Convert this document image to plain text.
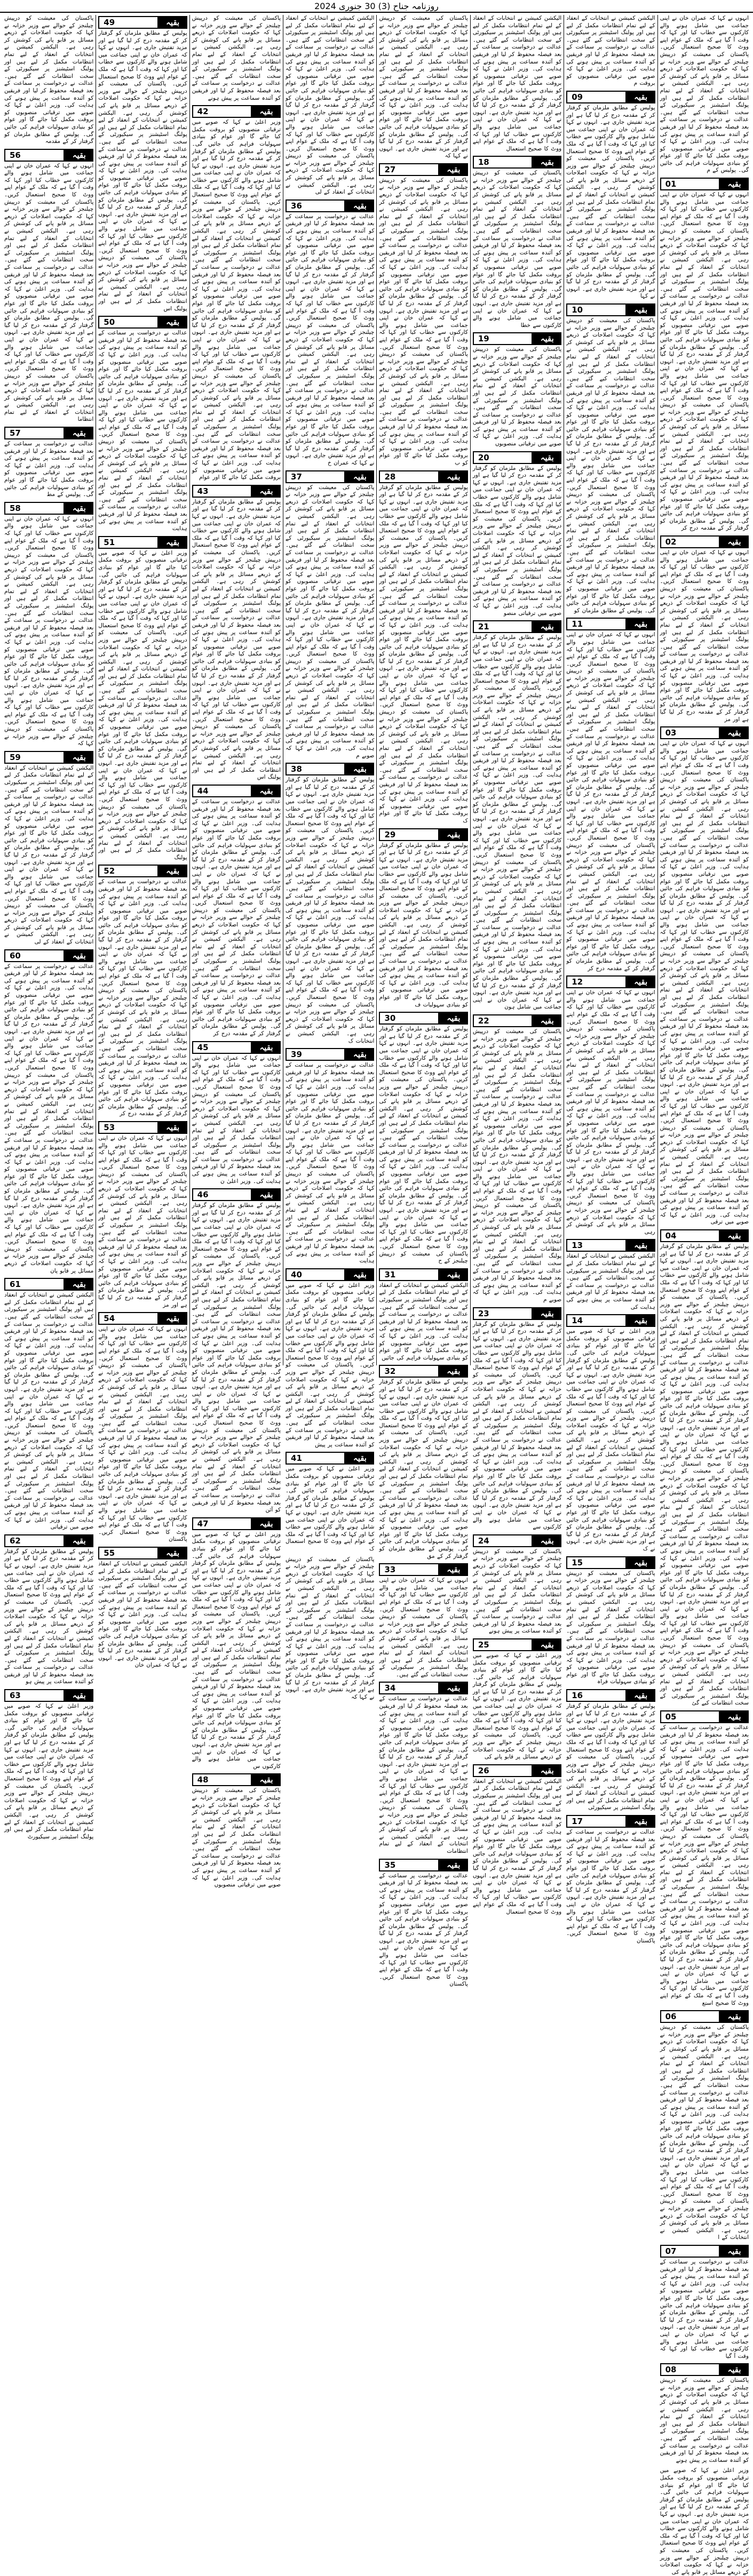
روزنامہ جناح (3) 30 جنوری 2024
انہوں نے کہا کہ عمران خان نے اپنی جماعت میں شامل ہونے والے کارکنوں سے خطاب کیا اور کہا کہ وقت آ گیا ہے کہ ملک کے عوام اپنے ووٹ کا صحیح استعمال کریں۔ پاکستان کی معیشت کو درپیش چیلنجز کے حوالے سے وزیر خزانہ نے کہا کہ حکومت اصلاحات کے ذریعے مسائل پر قابو پانے کی کوشش کر رہی ہے۔ الیکشن کمیشن نے انتخابات کے انعقاد کے لیے تمام انتظامات مکمل کر لیے ہیں اور پولنگ اسٹیشنز پر سیکیورٹی کے سخت انتظامات کیے گئے ہیں۔ عدالت نے درخواست پر سماعت کے بعد فیصلہ محفوظ کر لیا اور فریقین کو آئندہ سماعت پر پیش ہونے کی ہدایت کی۔ وزیر اعلیٰ نے کہا کہ صوبے میں ترقیاتی منصوبوں کو بروقت مکمل کیا جائے گا اور عوام کو بنیادی سہولیات فراہم کی جائیں گی۔ پولیس کے م
بقیہ
01
انہوں نے کہا کہ عمران خان نے اپنی جماعت میں شامل ہونے والے کارکنوں سے خطاب کیا اور کہا کہ وقت آ گیا ہے کہ ملک کے عوام اپنے ووٹ کا صحیح استعمال کریں۔ پاکستان کی معیشت کو درپیش چیلنجز کے حوالے سے وزیر خزانہ نے کہا کہ حکومت اصلاحات کے ذریعے مسائل پر قابو پانے کی کوشش کر رہی ہے۔ الیکشن کمیشن نے انتخابات کے انعقاد کے لیے تمام انتظامات مکمل کر لیے ہیں اور پولنگ اسٹیشنز پر سیکیورٹی کے سخت انتظامات کیے گئے ہیں۔ عدالت نے درخواست پر سماعت کے بعد فیصلہ محفوظ کر لیا اور فریقین کو آئندہ سماعت پر پیش ہونے کی ہدایت کی۔ وزیر اعلیٰ نے کہا کہ صوبے میں ترقیاتی منصوبوں کو بروقت مکمل کیا جائے گا اور عوام کو بنیادی سہولیات فراہم کی جائیں گی۔ پولیس کے مطابق ملزمان کو گرفتار کر کے مقدمہ درج کر لیا گیا ہے اور مزید تفتیش جاری ہے۔ انہوں نے کہا کہ عمران خان نے اپنی جماعت میں شامل ہونے والے کارکنوں سے خطاب کیا اور کہا کہ وقت آ گیا ہے کہ ملک کے عوام اپنے ووٹ کا صحیح استعمال کریں۔ پاکستان کی معیشت کو درپیش چیلنجز کے حوالے سے وزیر خزانہ نے کہا کہ حکومت اصلاحات کے ذریعے مسائل پر قابو پانے کی کوشش کر رہی ہے۔ الیکشن کمیشن نے انتخابات کے انعقاد کے لیے تمام انتظامات مکمل کر لیے ہیں اور پولنگ اسٹیشنز پر سیکیورٹی کے سخت انتظامات کیے گئے ہیں۔ عدالت نے درخواست پر سماعت کے بعد فیصلہ محفوظ کر لیا اور فریقین کو آئندہ سماعت پر پیش ہونے کی ہدایت کی۔ وزیر اعلیٰ نے کہا کہ صوبے میں ترقیاتی منصوبوں کو بروقت مکمل کیا جائے گا اور عوام کو بنیادی سہولیات فراہم کی جائیں گی۔ پولیس کے مطابق ملزمان کو گرفتار کر کے مقدمہ درج کر
بقیہ
02
انہوں نے کہا کہ عمران خان نے اپنی جماعت میں شامل ہونے والے کارکنوں سے خطاب کیا اور کہا کہ وقت آ گیا ہے کہ ملک کے عوام اپنے ووٹ کا صحیح استعمال کریں۔ پاکستان کی معیشت کو درپیش چیلنجز کے حوالے سے وزیر خزانہ نے کہا کہ حکومت اصلاحات کے ذریعے مسائل پر قابو پانے کی کوشش کر رہی ہے۔ الیکشن کمیشن نے انتخابات کے انعقاد کے لیے تمام انتظامات مکمل کر لیے ہیں اور پولنگ اسٹیشنز پر سیکیورٹی کے سخت انتظامات کیے گئے ہیں۔ عدالت نے درخواست پر سماعت کے بعد فیصلہ محفوظ کر لیا اور فریقین کو آئندہ سماعت پر پیش ہونے کی ہدایت کی۔ وزیر اعلیٰ نے کہا کہ صوبے میں ترقیاتی منصوبوں کو بروقت مکمل کیا جائے گا اور عوام کو بنیادی سہولیات فراہم کی جائیں گی۔ پولیس کے مطابق ملزمان کو گرفتار کر کے مقدمہ درج کر لیا گیا ہے اور مز
بقیہ
03
انہوں نے کہا کہ عمران خان نے اپنی جماعت میں شامل ہونے والے کارکنوں سے خطاب کیا اور کہا کہ وقت آ گیا ہے کہ ملک کے عوام اپنے ووٹ کا صحیح استعمال کریں۔ پاکستان کی معیشت کو درپیش چیلنجز کے حوالے سے وزیر خزانہ نے کہا کہ حکومت اصلاحات کے ذریعے مسائل پر قابو پانے کی کوشش کر رہی ہے۔ الیکشن کمیشن نے انتخابات کے انعقاد کے لیے تمام انتظامات مکمل کر لیے ہیں اور پولنگ اسٹیشنز پر سیکیورٹی کے سخت انتظامات کیے گئے ہیں۔ عدالت نے درخواست پر سماعت کے بعد فیصلہ محفوظ کر لیا اور فریقین کو آئندہ سماعت پر پیش ہونے کی ہدایت کی۔ وزیر اعلیٰ نے کہا کہ صوبے میں ترقیاتی منصوبوں کو بروقت مکمل کیا جائے گا اور عوام کو بنیادی سہولیات فراہم کی جائیں گی۔ پولیس کے مطابق ملزمان کو گرفتار کر کے مقدمہ درج کر لیا گیا ہے اور مزید تفتیش جاری ہے۔ انہوں نے کہا کہ عمران خان نے اپنی جماعت میں شامل ہونے والے کارکنوں سے خطاب کیا اور کہا کہ وقت آ گیا ہے کہ ملک کے عوام اپنے ووٹ کا صحیح استعمال کریں۔ پاکستان کی معیشت کو درپیش چیلنجز کے حوالے سے وزیر خزانہ نے کہا کہ حکومت اصلاحات کے ذریعے مسائل پر قابو پانے کی کوشش کر رہی ہے۔ الیکشن کمیشن نے انتخابات کے انعقاد کے لیے تمام انتظامات مکمل کر لیے ہیں اور پولنگ اسٹیشنز پر سیکیورٹی کے سخت انتظامات کیے گئے ہیں۔ عدالت نے درخواست پر سماعت کے بعد فیصلہ محفوظ کر لیا اور فریقین کو آئندہ سماعت پر پیش ہونے کی ہدایت کی۔ وزیر اعلیٰ نے کہا کہ صوبے میں ترقیاتی منصوبوں کو بروقت مکمل کیا جائے گا اور عوام کو بنیادی سہولیات فراہم کی جائیں گی۔ پولیس کے مطابق ملزمان کو گرفتار کر کے مقدمہ درج کر لیا گیا ہے اور مزید تفتیش جاری ہے۔ انہوں نے کہا کہ عمران خان نے اپنی جماعت میں شامل ہونے والے کارکنوں سے خطاب کیا اور کہا کہ وقت آ گیا ہے کہ ملک کے عوام اپنے ووٹ کا صحیح استعمال کریں۔ پاکستان کی معیشت کو درپیش چیلنجز کے حوالے سے وزیر خزانہ نے کہا کہ حکومت اصلاحات کے ذریعے مسائل پر قابو پانے کی کوشش کر رہی ہے۔ الیکشن کمیشن نے انتخابات کے انعقاد کے لیے تمام انتظامات مکمل کر لیے ہیں اور پولنگ اسٹیشنز پر سیکیورٹی کے سخت انتظامات کیے گئے ہیں۔ عدالت نے درخواست پر سماعت کے بعد فیصلہ محفوظ کر لیا اور فریقین کو آئندہ سماعت پر پیش ہونے کی ہدایت کی۔ وزیر اعلیٰ نے کہا کہ صوبے میں ترقی
بقیہ
04
پولیس کے مطابق ملزمان کو گرفتار کر کے مقدمہ درج کر لیا گیا ہے اور مزید تفتیش جاری ہے۔ انہوں نے کہا کہ عمران خان نے اپنی جماعت میں شامل ہونے والے کارکنوں سے خطاب کیا اور کہا کہ وقت آ گیا ہے کہ ملک کے عوام اپنے ووٹ کا صحیح استعمال کریں۔ پاکستان کی معیشت کو درپیش چیلنجز کے حوالے سے وزیر خزانہ نے کہا کہ حکومت اصلاحات کے ذریعے مسائل پر قابو پانے کی کوشش کر رہی ہے۔ الیکشن کمیشن نے انتخابات کے انعقاد کے لیے تمام انتظامات مکمل کر لیے ہیں اور پولنگ اسٹیشنز پر سیکیورٹی کے سخت انتظامات کیے گئے ہیں۔ عدالت نے درخواست پر سماعت کے بعد فیصلہ محفوظ کر لیا اور فریقین کو آئندہ سماعت پر پیش ہونے کی ہدایت کی۔ وزیر اعلیٰ نے کہا کہ صوبے میں ترقیاتی منصوبوں کو بروقت مکمل کیا جائے گا اور عوام کو بنیادی سہولیات فراہم کی جائیں گی۔ پولیس کے مطابق ملزمان کو گرفتار کر کے مقدمہ درج کر لیا گیا ہے اور مزید تفتیش جاری ہے۔ انہوں نے کہا کہ عمران خان نے اپنی جماعت میں شامل ہونے والے کارکنوں سے خطاب کیا اور کہا کہ وقت آ گیا ہے کہ ملک کے عوام اپنے ووٹ کا صحیح استعمال کریں۔ پاکستان کی معیشت کو درپیش چیلنجز کے حوالے سے وزیر خزانہ نے کہا کہ حکومت اصلاحات کے ذریعے مسائل پر قابو پانے کی کوشش کر رہی ہے۔ الیکشن کمیشن نے انتخابات کے انعقاد کے لیے تمام انتظامات مکمل کر لیے ہیں اور پولنگ اسٹیشنز پر سیکیورٹی کے سخت انتظامات کیے گئے ہیں۔ عدالت نے درخواست پر سماعت کے بعد فیصلہ محفوظ کر لیا اور فریقین کو آئندہ سماعت پر پیش ہونے کی ہدایت کی۔ وزیر اعلیٰ نے کہا کہ صوبے میں ترقیاتی منصوبوں کو بروقت مکمل کیا جائے گا اور عوام کو بنیادی سہولیات فراہم کی جائیں گی۔ پولیس کے مطابق ملزمان کو گرفتار کر کے مقدمہ درج کر لیا گیا ہے اور مزید تفتیش جاری ہے۔ انہوں نے کہا کہ عمران خان نے اپنی جماعت میں شامل ہونے والے کارکنوں سے خطاب کیا اور کہا کہ وقت آ گیا ہے کہ ملک کے عوام اپنے ووٹ کا صحیح استعمال کریں۔ پاکستان کی معیشت کو درپیش چیلنجز کے حوالے سے وزیر خزانہ نے کہا کہ حکومت اصلاحات کے ذریعے مسائل پر قابو پانے کی کوشش کر رہی ہے۔ الیکشن کمیشن نے انتخابات کے انعقاد کے لیے تمام انتظامات مکمل کر لیے ہیں اور پولنگ اسٹیشنز پر سیکیورٹی کے سخت انتظامات کیے گئ
بقیہ
05
عدالت نے درخواست پر سماعت کے بعد فیصلہ محفوظ کر لیا اور فریقین کو آئندہ سماعت پر پیش ہونے کی ہدایت کی۔ وزیر اعلیٰ نے کہا کہ صوبے میں ترقیاتی منصوبوں کو بروقت مکمل کیا جائے گا اور عوام کو بنیادی سہولیات فراہم کی جائیں گی۔ پولیس کے مطابق ملزمان کو گرفتار کر کے مقدمہ درج کر لیا گیا ہے اور مزید تفتیش جاری ہے۔ انہوں نے کہا کہ عمران خان نے اپنی جماعت میں شامل ہونے والے کارکنوں سے خطاب کیا اور کہا کہ وقت آ گیا ہے کہ ملک کے عوام اپنے ووٹ کا صحیح استعمال کریں۔ پاکستان کی معیشت کو درپیش چیلنجز کے حوالے سے وزیر خزانہ نے کہا کہ حکومت اصلاحات کے ذریعے مسائل پر قابو پانے کی کوشش کر رہی ہے۔ الیکشن کمیشن نے انتخابات کے انعقاد کے لیے تمام انتظامات مکمل کر لیے ہیں اور پولنگ اسٹیشنز پر سیکیورٹی کے سخت انتظامات کیے گئے ہیں۔ عدالت نے درخواست پر سماعت کے بعد فیصلہ محفوظ کر لیا اور فریقین کو آئندہ سماعت پر پیش ہونے کی ہدایت کی۔ وزیر اعلیٰ نے کہا کہ صوبے میں ترقیاتی منصوبوں کو بروقت مکمل کیا جائے گا اور عوام کو بنیادی سہولیات فراہم کی جائیں گی۔ پولیس کے مطابق ملزمان کو گرفتار کر کے مقدمہ درج کر لیا گیا ہے اور مزید تفتیش جاری ہے۔ انہوں نے کہا کہ عمران خان نے اپنی جماعت میں شامل ہونے والے کارکنوں سے خطاب کیا اور کہا کہ وقت آ گیا ہے کہ ملک کے عوام اپنے ووٹ کا صحیح استع
بقیہ
06
پاکستان کی معیشت کو درپیش چیلنجز کے حوالے سے وزیر خزانہ نے کہا کہ حکومت اصلاحات کے ذریعے مسائل پر قابو پانے کی کوشش کر رہی ہے۔ الیکشن کمیشن نے انتخابات کے انعقاد کے لیے تمام انتظامات مکمل کر لیے ہیں اور پولنگ اسٹیشنز پر سیکیورٹی کے سخت انتظامات کیے گئے ہیں۔ عدالت نے درخواست پر سماعت کے بعد فیصلہ محفوظ کر لیا اور فریقین کو آئندہ سماعت پر پیش ہونے کی ہدایت کی۔ وزیر اعلیٰ نے کہا کہ صوبے میں ترقیاتی منصوبوں کو بروقت مکمل کیا جائے گا اور عوام کو بنیادی سہولیات فراہم کی جائیں گی۔ پولیس کے مطابق ملزمان کو گرفتار کر کے مقدمہ درج کر لیا گیا ہے اور مزید تفتیش جاری ہے۔ انہوں نے کہا کہ عمران خان نے اپنی جماعت میں شامل ہونے والے کارکنوں سے خطاب کیا اور کہا کہ وقت آ گیا ہے کہ ملک کے عوام اپنے ووٹ کا صحیح استعمال کریں۔ پاکستان کی معیشت کو درپیش چیلنجز کے حوالے سے وزیر خزانہ نے کہا کہ حکومت اصلاحات کے ذریعے مسائل پر قابو پانے کی کوشش کر رہی ہے۔ الیکشن کمیشن نے انتخابات کے ا
بقیہ
07
عدالت نے درخواست پر سماعت کے بعد فیصلہ محفوظ کر لیا اور فریقین کو آئندہ سماعت پر پیش ہونے کی ہدایت کی۔ وزیر اعلیٰ نے کہا کہ صوبے میں ترقیاتی منصوبوں کو بروقت مکمل کیا جائے گا اور عوام کو بنیادی سہولیات فراہم کی جائیں گی۔ پولیس کے مطابق ملزمان کو گرفتار کر کے مقدمہ درج کر لیا گیا ہے اور مزید تفتیش جاری ہے۔ انہوں نے کہا کہ عمران خان نے اپنی جماعت میں شامل ہونے والے کارکنوں سے خطاب کیا اور کہا کہ وقت آ گیا
بقیہ
08
پاکستان کی معیشت کو درپیش چیلنجز کے حوالے سے وزیر خزانہ نے کہا کہ حکومت اصلاحات کے ذریعے مسائل پر قابو پانے کی کوشش کر رہی ہے۔ الیکشن کمیشن نے انتخابات کے انعقاد کے لیے تمام انتظامات مکمل کر لیے ہیں اور پولنگ اسٹیشنز پر سیکیورٹی کے سخت انتظامات کیے گئے ہیں۔ عدالت نے درخواست پر سماعت کے بعد فیصلہ محفوظ کر لیا اور فریقین کو آئندہ سماعت پر پیش ہونے
وزیر اعلیٰ نے کہا کہ صوبے میں ترقیاتی منصوبوں کو بروقت مکمل کیا جائے گا اور عوام کو بنیادی سہولیات فراہم کی جائیں گی۔ پولیس کے مطابق ملزمان کو گرفتار کر کے مقدمہ درج کر لیا گیا ہے اور مزید تفتیش جاری ہے۔ انہوں نے کہا کہ عمران خان نے اپنی جماعت میں شامل ہونے والے کارکنوں سے خطاب کیا اور کہا کہ وقت آ گیا ہے کہ ملک کے عوام اپنے ووٹ کا صحیح استعمال کریں۔ پاکستان کی معیشت کو درپیش چیلنجز کے حوالے سے وزیر خزانہ نے کہا کہ حکومت اصلاحات کے ذریعے مسائل پر قابو پانے کی
الیکشن کمیشن نے انتخابات کے انعقاد کے لیے تمام انتظامات مکمل کر لیے ہیں اور پولنگ اسٹیشنز پر سیکیورٹی کے سخت انتظامات کیے گئے ہیں۔ عدالت نے درخواست پر سماعت کے بعد فیصلہ محفوظ کر لیا اور فریقین کو آئندہ سماعت پر پیش ہونے کی ہدایت کی۔ وزیر اعلیٰ نے کہا کہ صوبے میں ترقیاتی منصوبوں کو بروقت م
بقیہ
09
پولیس کے مطابق ملزمان کو گرفتار کر کے مقدمہ درج کر لیا گیا ہے اور مزید تفتیش جاری ہے۔ انہوں نے کہا کہ عمران خان نے اپنی جماعت میں شامل ہونے والے کارکنوں سے خطاب کیا اور کہا کہ وقت آ گیا ہے کہ ملک کے عوام اپنے ووٹ کا صحیح استعمال کریں۔ پاکستان کی معیشت کو درپیش چیلنجز کے حوالے سے وزیر خزانہ نے کہا کہ حکومت اصلاحات کے ذریعے مسائل پر قابو پانے کی کوشش کر رہی ہے۔ الیکشن کمیشن نے انتخابات کے انعقاد کے لیے تمام انتظامات مکمل کر لیے ہیں اور پولنگ اسٹیشنز پر سیکیورٹی کے سخت انتظامات کیے گئے ہیں۔ عدالت نے درخواست پر سماعت کے بعد فیصلہ محفوظ کر لیا اور فریقین کو آئندہ سماعت پر پیش ہونے کی ہدایت کی۔ وزیر اعلیٰ نے کہا کہ صوبے میں ترقیاتی منصوبوں کو بروقت مکمل کیا جائے گا اور عوام کو بنیادی سہولیات فراہم کی جائیں گی۔ پولیس کے مطابق ملزمان کو گرفتار کر کے مقدمہ درج کر لیا گیا ہے اور مزید تفتیش جاری ہے۔ انہوں نے کہا
بقیہ
10
پاکستان کی معیشت کو درپیش چیلنجز کے حوالے سے وزیر خزانہ نے کہا کہ حکومت اصلاحات کے ذریعے مسائل پر قابو پانے کی کوشش کر رہی ہے۔ الیکشن کمیشن نے انتخابات کے انعقاد کے لیے تمام انتظامات مکمل کر لیے ہیں اور پولنگ اسٹیشنز پر سیکیورٹی کے سخت انتظامات کیے گئے ہیں۔ عدالت نے درخواست پر سماعت کے بعد فیصلہ محفوظ کر لیا اور فریقین کو آئندہ سماعت پر پیش ہونے کی ہدایت کی۔ وزیر اعلیٰ نے کہا کہ صوبے میں ترقیاتی منصوبوں کو بروقت مکمل کیا جائے گا اور عوام کو بنیادی سہولیات فراہم کی جائیں گی۔ پولیس کے مطابق ملزمان کو گرفتار کر کے مقدمہ درج کر لیا گیا ہے اور مزید تفتیش جاری ہے۔ انہوں نے کہا کہ عمران خان نے اپنی جماعت میں شامل ہونے والے کارکنوں سے خطاب کیا اور کہا کہ وقت آ گیا ہے کہ ملک کے عوام اپنے ووٹ کا صحیح استعمال کریں۔ پاکستان کی معیشت کو درپیش چیلنجز کے حوالے سے وزیر خزانہ نے کہا کہ حکومت اصلاحات کے ذریعے مسائل پر قابو پانے کی کوشش کر رہی ہے۔ الیکشن کمیشن نے انتخابات کے انعقاد کے لیے تمام انتظامات مکمل کر لیے ہیں اور پولنگ اسٹیشنز پر سیکیورٹی کے سخت انتظامات کیے گئے ہیں۔ عدالت نے درخواست پر سماعت کے بعد فیصلہ محفوظ کر لیا اور فریقین کو آئندہ سماعت پر پیش ہونے کی ہدایت کی۔ وزیر اعلیٰ نے کہا کہ صوبے میں ترقیاتی منصوبوں کو بروقت مکمل کیا جائے گا اور عوام کو بنیادی سہولیات فراہم کی جائیں گی۔ پولیس کے مطابق ملزمان کو
بقیہ
11
انہوں نے کہا کہ عمران خان نے اپنی جماعت میں شامل ہونے والے کارکنوں سے خطاب کیا اور کہا کہ وقت آ گیا ہے کہ ملک کے عوام اپنے ووٹ کا صحیح استعمال کریں۔ پاکستان کی معیشت کو درپیش چیلنجز کے حوالے سے وزیر خزانہ نے کہا کہ حکومت اصلاحات کے ذریعے مسائل پر قابو پانے کی کوشش کر رہی ہے۔ الیکشن کمیشن نے انتخابات کے انعقاد کے لیے تمام انتظامات مکمل کر لیے ہیں اور پولنگ اسٹیشنز پر سیکیورٹی کے سخت انتظامات کیے گئے ہیں۔ عدالت نے درخواست پر سماعت کے بعد فیصلہ محفوظ کر لیا اور فریقین کو آئندہ سماعت پر پیش ہونے کی ہدایت کی۔ وزیر اعلیٰ نے کہا کہ صوبے میں ترقیاتی منصوبوں کو بروقت مکمل کیا جائے گا اور عوام کو بنیادی سہولیات فراہم کی جائیں گی۔ پولیس کے مطابق ملزمان کو گرفتار کر کے مقدمہ درج کر لیا گیا ہے اور مزید تفتیش جاری ہے۔ انہوں نے کہا کہ عمران خان نے اپنی جماعت میں شامل ہونے والے کارکنوں سے خطاب کیا اور کہا کہ وقت آ گیا ہے کہ ملک کے عوام اپنے ووٹ کا صحیح استعمال کریں۔ پاکستان کی معیشت کو درپیش چیلنجز کے حوالے سے وزیر خزانہ نے کہا کہ حکومت اصلاحات کے ذریعے مسائل پر قابو پانے کی کوشش کر رہی ہے۔ الیکشن کمیشن نے انتخابات کے انعقاد کے لیے تمام انتظامات مکمل کر لیے ہیں اور پولنگ اسٹیشنز پر سیکیورٹی کے سخت انتظامات کیے گئے ہیں۔ عدالت نے درخواست پر سماعت کے بعد فیصلہ محفوظ کر لیا اور فریقین کو آئندہ سماعت پر پیش ہونے کی ہدایت کی۔ وزیر اعلیٰ نے کہا کہ صوبے میں ترقیاتی منصوبوں کو بروقت مکمل کیا جائے گا اور عوام کو بنیادی سہولیات فراہم کی جائیں گی۔ پولیس کے مطابق ملزمان کو گرفتار کر کے مقدمہ درج کر
بقیہ
12
انہوں نے کہا کہ عمران خان نے اپنی جماعت میں شامل ہونے والے کارکنوں سے خطاب کیا اور کہا کہ وقت آ گیا ہے کہ ملک کے عوام اپنے ووٹ کا صحیح استعمال کریں۔ پاکستان کی معیشت کو درپیش چیلنجز کے حوالے سے وزیر خزانہ نے کہا کہ حکومت اصلاحات کے ذریعے مسائل پر قابو پانے کی کوشش کر رہی ہے۔ الیکشن کمیشن نے انتخابات کے انعقاد کے لیے تمام انتظامات مکمل کر لیے ہیں اور پولنگ اسٹیشنز پر سیکیورٹی کے سخت انتظامات کیے گئے ہیں۔ عدالت نے درخواست پر سماعت کے بعد فیصلہ محفوظ کر لیا اور فریقین کو آئندہ سماعت پر پیش ہونے کی ہدایت کی۔ وزیر اعلیٰ نے کہا کہ صوبے میں ترقیاتی منصوبوں کو بروقت مکمل کیا جائے گا اور عوام کو بنیادی سہولیات فراہم کی جائیں گی۔ پولیس کے مطابق ملزمان کو گرفتار کر کے مقدمہ درج کر لیا گیا ہے اور مزید تفتیش جاری ہے۔ انہوں نے کہا کہ عمران خان نے اپنی جماعت میں شامل ہونے والے کارکنوں سے خطاب کیا اور کہا کہ وقت آ گیا ہے کہ ملک کے عوام اپنے ووٹ کا صحیح استعمال کریں۔ پاکستان کی معیشت کو درپیش چیلنجز کے حوالے سے وزیر خزانہ نے کہا کہ حکومت اصلاحات کے ذریعے مسائل پر قابو پانے کی کوشش کر رہی
بقیہ
13
الیکشن کمیشن نے انتخابات کے انعقاد کے لیے تمام انتظامات مکمل کر لیے ہیں اور پولنگ اسٹیشنز پر سیکیورٹی کے سخت انتظامات کیے گئے ہیں۔ عدالت نے درخواست پر سماعت کے بعد فیصلہ محفوظ کر لیا اور فریقین کو آئندہ سماعت پر پیش ہونے کی ہدایت کی
بقیہ
14
وزیر اعلیٰ نے کہا کہ صوبے میں ترقیاتی منصوبوں کو بروقت مکمل کیا جائے گا اور عوام کو بنیادی سہولیات فراہم کی جائیں گی۔ پولیس کے مطابق ملزمان کو گرفتار کر کے مقدمہ درج کر لیا گیا ہے اور مزید تفتیش جاری ہے۔ انہوں نے کہا کہ عمران خان نے اپنی جماعت میں شامل ہونے والے کارکنوں سے خطاب کیا اور کہا کہ وقت آ گیا ہے کہ ملک کے عوام اپنے ووٹ کا صحیح استعمال کریں۔ پاکستان کی معیشت کو درپیش چیلنجز کے حوالے سے وزیر خزانہ نے کہا کہ حکومت اصلاحات کے ذریعے مسائل پر قابو پانے کی کوشش کر رہی ہے۔ الیکشن کمیشن نے انتخابات کے انعقاد کے لیے تمام انتظامات مکمل کر لیے ہیں اور پولنگ اسٹیشنز پر سیکیورٹی کے سخت انتظامات کیے گئے ہیں۔ عدالت نے درخواست پر سماعت کے بعد فیصلہ محفوظ کر لیا اور فریقین کو آئندہ سماعت پر پیش ہونے کی ہدایت کی۔ وزیر اعلیٰ نے کہا کہ صوبے میں ترقیاتی منصوبوں کو بروقت مکمل کیا جائے گا اور عوام کو بنیادی سہولیات فراہم کی جائیں گی۔ پولیس کے مطابق ملزمان کو گرفتار کر کے مقدمہ درج کر لیا گیا ہے اور مزید تفتیش جاری ہے۔ انہوں نے ک
بقیہ
15
پاکستان کی معیشت کو درپیش چیلنجز کے حوالے سے وزیر خزانہ نے کہا کہ حکومت اصلاحات کے ذریعے مسائل پر قابو پانے کی کوشش کر رہی ہے۔ الیکشن کمیشن نے انتخابات کے انعقاد کے لیے تمام انتظامات مکمل کر لیے ہیں اور پولنگ اسٹیشنز پر سیکیورٹی کے سخت انتظامات کیے گئے ہیں۔ عدالت نے درخواست پر سماعت کے بعد فیصلہ محفوظ کر لیا اور فریقین کو آئندہ سماعت پر پیش ہونے کی ہدایت کی۔ وزیر اعلیٰ نے کہا کہ صوبے میں ترقیاتی منصوبوں کو بروقت مکمل کیا جائے گا اور عوام کو بنیادی سہولیات فراہ
بقیہ
16
پولیس کے مطابق ملزمان کو گرفتار کر کے مقدمہ درج کر لیا گیا ہے اور مزید تفتیش جاری ہے۔ انہوں نے کہا کہ عمران خان نے اپنی جماعت میں شامل ہونے والے کارکنوں سے خطاب کیا اور کہا کہ وقت آ گیا ہے کہ ملک کے عوام اپنے ووٹ کا صحیح استعمال کریں۔ پاکستان کی معیشت کو درپیش چیلنجز کے حوالے سے وزیر خزانہ نے کہا کہ حکومت اصلاحات کے ذریعے مسائل پر قابو پانے کی کوشش کر رہی ہے۔ الیکشن کمیشن نے انتخابات کے انعقاد کے لیے تمام انتظامات مکمل کر لیے ہیں اور پولنگ اسٹیشنز پر سیکیورٹی
بقیہ
17
عدالت نے درخواست پر سماعت کے بعد فیصلہ محفوظ کر لیا اور فریقین کو آئندہ سماعت پر پیش ہونے کی ہدایت کی۔ وزیر اعلیٰ نے کہا کہ صوبے میں ترقیاتی منصوبوں کو بروقت مکمل کیا جائے گا اور عوام کو بنیادی سہولیات فراہم کی جائیں گی۔ پولیس کے مطابق ملزمان کو گرفتار کر کے مقدمہ درج کر لیا گیا ہے اور مزید تفتیش جاری ہے۔ انہوں نے کہا کہ عمران خان نے اپنی جماعت میں شامل ہونے والے کارکنوں سے خطاب کیا اور کہا کہ وقت آ گیا ہے کہ ملک کے عوام اپنے ووٹ کا صحیح استعمال کریں۔ پاکستان
الیکشن کمیشن نے انتخابات کے انعقاد کے لیے تمام انتظامات مکمل کر لیے ہیں اور پولنگ اسٹیشنز پر سیکیورٹی کے سخت انتظامات کیے گئے ہیں۔ عدالت نے درخواست پر سماعت کے بعد فیصلہ محفوظ کر لیا اور فریقین کو آئندہ سماعت پر پیش ہونے کی ہدایت کی۔ وزیر اعلیٰ نے کہا کہ صوبے میں ترقیاتی منصوبوں کو بروقت مکمل کیا جائے گا اور عوام کو بنیادی سہولیات فراہم کی جائیں گی۔ پولیس کے مطابق ملزمان کو گرفتار کر کے مقدمہ درج کر لیا گیا ہے اور مزید تفتیش جاری ہے۔ انہوں نے کہا کہ عمران خان نے اپنی جماعت میں شامل ہونے والے کارکنوں سے خطاب کیا اور کہا کہ وقت آ گیا ہے کہ ملک کے عوام اپنے ووٹ کا صحیح استعمال
بقیہ
18
پاکستان کی معیشت کو درپیش چیلنجز کے حوالے سے وزیر خزانہ نے کہا کہ حکومت اصلاحات کے ذریعے مسائل پر قابو پانے کی کوشش کر رہی ہے۔ الیکشن کمیشن نے انتخابات کے انعقاد کے لیے تمام انتظامات مکمل کر لیے ہیں اور پولنگ اسٹیشنز پر سیکیورٹی کے سخت انتظامات کیے گئے ہیں۔ عدالت نے درخواست پر سماعت کے بعد فیصلہ محفوظ کر لیا اور فریقین کو آئندہ سماعت پر پیش ہونے کی ہدایت کی۔ وزیر اعلیٰ نے کہا کہ صوبے میں ترقیاتی منصوبوں کو بروقت مکمل کیا جائے گا اور عوام کو بنیادی سہولیات فراہم کی جائیں گی۔ پولیس کے مطابق ملزمان کو گرفتار کر کے مقدمہ درج کر لیا گیا ہے اور مزید تفتیش جاری ہے۔ انہوں نے کہا کہ عمران خان نے اپنی جماعت میں شامل ہونے والے کارکنوں سے خطا
بقیہ
19
پاکستان کی معیشت کو درپیش چیلنجز کے حوالے سے وزیر خزانہ نے کہا کہ حکومت اصلاحات کے ذریعے مسائل پر قابو پانے کی کوشش کر رہی ہے۔ الیکشن کمیشن نے انتخابات کے انعقاد کے لیے تمام انتظامات مکمل کر لیے ہیں اور پولنگ اسٹیشنز پر سیکیورٹی کے سخت انتظامات کیے گئے ہیں۔ عدالت نے درخواست پر سماعت کے بعد فیصلہ محفوظ کر لیا اور فریقین کو آئندہ سماعت پر پیش ہونے کی ہدایت کی۔ وزیر اعلیٰ نے کہا کہ صوبے میں ترقیاتی منصوبوں
بقیہ
20
پولیس کے مطابق ملزمان کو گرفتار کر کے مقدمہ درج کر لیا گیا ہے اور مزید تفتیش جاری ہے۔ انہوں نے کہا کہ عمران خان نے اپنی جماعت میں شامل ہونے والے کارکنوں سے خطاب کیا اور کہا کہ وقت آ گیا ہے کہ ملک کے عوام اپنے ووٹ کا صحیح استعمال کریں۔ پاکستان کی معیشت کو درپیش چیلنجز کے حوالے سے وزیر خزانہ نے کہا کہ حکومت اصلاحات کے ذریعے مسائل پر قابو پانے کی کوشش کر رہی ہے۔ الیکشن کمیشن نے انتخابات کے انعقاد کے لیے تمام انتظامات مکمل کر لیے ہیں اور پولنگ اسٹیشنز پر سیکیورٹی کے سخت انتظامات کیے گئے ہیں۔ عدالت نے درخواست پر سماعت کے بعد فیصلہ محفوظ کر لیا اور فریقین کو آئندہ سماعت پر پیش ہونے کی ہدایت کی۔ وزیر اعلیٰ نے کہا کہ صوبے میں ترقیاتی منصو
بقیہ
21
پولیس کے مطابق ملزمان کو گرفتار کر کے مقدمہ درج کر لیا گیا ہے اور مزید تفتیش جاری ہے۔ انہوں نے کہا کہ عمران خان نے اپنی جماعت میں شامل ہونے والے کارکنوں سے خطاب کیا اور کہا کہ وقت آ گیا ہے کہ ملک کے عوام اپنے ووٹ کا صحیح استعمال کریں۔ پاکستان کی معیشت کو درپیش چیلنجز کے حوالے سے وزیر خزانہ نے کہا کہ حکومت اصلاحات کے ذریعے مسائل پر قابو پانے کی کوشش کر رہی ہے۔ الیکشن کمیشن نے انتخابات کے انعقاد کے لیے تمام انتظامات مکمل کر لیے ہیں اور پولنگ اسٹیشنز پر سیکیورٹی کے سخت انتظامات کیے گئے ہیں۔ عدالت نے درخواست پر سماعت کے بعد فیصلہ محفوظ کر لیا اور فریقین کو آئندہ سماعت پر پیش ہونے کی ہدایت کی۔ وزیر اعلیٰ نے کہا کہ صوبے میں ترقیاتی منصوبوں کو بروقت مکمل کیا جائے گا اور عوام کو بنیادی سہولیات فراہم کی جائیں گی۔ پولیس کے مطابق ملزمان کو گرفتار کر کے مقدمہ درج کر لیا گیا ہے اور مزید تفتیش جاری ہے۔ انہوں نے کہا کہ عمران خان نے اپنی جماعت میں شامل ہونے والے کارکنوں سے خطاب کیا اور کہا کہ وقت آ گیا ہے کہ ملک کے عوام اپنے ووٹ کا صحیح استعمال کریں۔ پاکستان کی معیشت کو درپیش چیلنجز کے حوالے سے وزیر خزانہ نے کہا کہ حکومت اصلاحات کے ذریعے مسائل پر قابو پانے کی کوشش کر رہی ہے۔ الیکشن کمیشن نے انتخابات کے انعقاد کے لیے تمام انتظامات مکمل کر لیے ہیں اور پولنگ اسٹیشنز پر سیکیورٹی کے سخت انتظامات کیے گئے ہیں۔ عدالت نے درخواست پر سماعت کے بعد فیصلہ محفوظ کر لیا اور فریقین کو آئندہ سماعت پر پیش ہونے کی ہدایت کی۔ وزیر اعلیٰ نے کہا کہ صوبے میں ترقیاتی منصوبوں کو بروقت مکمل کیا جائے گا اور عوام کو بنیادی سہولیات فراہم کی جائیں گی۔ پولیس کے مطابق ملزمان کو گرفتار کر کے مقدمہ درج کر لیا گیا ہے اور مزید تفتیش جاری ہے۔ انہوں نے کہا کہ عمران خان نے اپنی جماعت میں شامل ہون
بقیہ
22
پاکستان کی معیشت کو درپیش چیلنجز کے حوالے سے وزیر خزانہ نے کہا کہ حکومت اصلاحات کے ذریعے مسائل پر قابو پانے کی کوشش کر رہی ہے۔ الیکشن کمیشن نے انتخابات کے انعقاد کے لیے تمام انتظامات مکمل کر لیے ہیں اور پولنگ اسٹیشنز پر سیکیورٹی کے سخت انتظامات کیے گئے ہیں۔ عدالت نے درخواست پر سماعت کے بعد فیصلہ محفوظ کر لیا اور فریقین کو آئندہ سماعت پر پیش ہونے کی ہدایت کی۔ وزیر اعلیٰ نے کہا کہ صوبے میں ترقیاتی منصوبوں کو بروقت مکمل کیا جائے گا اور عوام کو بنیادی سہولیات فراہم کی جائیں گی۔ پولیس کے مطابق ملزمان کو گرفتار کر کے مقدمہ درج کر لیا گیا ہے اور مزید تفتیش جاری ہے۔ انہوں نے کہا کہ عمران خان نے اپنی جماعت میں شامل ہونے والے کارکنوں سے خطاب کیا اور کہا کہ وقت آ گیا ہے کہ ملک کے عوام اپنے ووٹ کا صحیح استعمال کریں۔ پاکستان کی معیشت کو درپیش چیلنجز کے حوالے سے وزیر خزانہ نے کہا کہ حکومت اصلاحات کے ذریعے مسائل پر قابو پانے کی کوشش کر رہی ہے۔ الیکشن کمیشن نے انتخابات کے انعقاد کے لیے تمام انتظامات مکمل کر لیے ہیں اور پولنگ اسٹیشنز پر سیکیورٹی کے سخت انتظامات کیے گئے ہیں۔ عدالت نے درخواست پر سماعت کے بعد فیصلہ محفوظ کر لیا اور فریقین کو آئندہ سماعت پر پیش ہونے کی ہدایت کی۔ وزیر اعلیٰ نے کہا کہ صوبے م
بقیہ
23
پولیس کے مطابق ملزمان کو گرفتار کر کے مقدمہ درج کر لیا گیا ہے اور مزید تفتیش جاری ہے۔ انہوں نے کہا کہ عمران خان نے اپنی جماعت میں شامل ہونے والے کارکنوں سے خطاب کیا اور کہا کہ وقت آ گیا ہے کہ ملک کے عوام اپنے ووٹ کا صحیح استعمال کریں۔ پاکستان کی معیشت کو درپیش چیلنجز کے حوالے سے وزیر خزانہ نے کہا کہ حکومت اصلاحات کے ذریعے مسائل پر قابو پانے کی کوشش کر رہی ہے۔ الیکشن کمیشن نے انتخابات کے انعقاد کے لیے تمام انتظامات مکمل کر لیے ہیں اور پولنگ اسٹیشنز پر سیکیورٹی کے سخت انتظامات کیے گئے ہیں۔ عدالت نے درخواست پر سماعت کے بعد فیصلہ محفوظ کر لیا اور فریقین کو آئندہ سماعت پر پیش ہونے کی ہدایت کی۔ وزیر اعلیٰ نے کہا کہ صوبے میں ترقیاتی منصوبوں کو بروقت مکمل کیا جائے گا اور عوام کو بنیادی سہولیات فراہم کی جائیں گی۔ پولیس کے مطابق ملزمان کو گرفتار کر کے مقدمہ درج کر لیا گیا ہے اور مزید تفتیش جاری ہے۔ انہوں نے کہا کہ عمران خان نے اپنی جماعت میں شامل ہونے والے کارکنوں سے
بقیہ
24
پاکستان کی معیشت کو درپیش چیلنجز کے حوالے سے وزیر خزانہ نے کہا کہ حکومت اصلاحات کے ذریعے مسائل پر قابو پانے کی کوشش کر رہی ہے۔ الیکشن کمیشن نے انتخابات کے انعقاد کے لیے تمام انتظامات مکمل کر لیے ہیں اور پولنگ اسٹیشنز پر سیکیورٹی کے سخت انتظامات کیے گئے ہیں۔ عدالت نے درخواست پر سماعت کے بعد فیصلہ محفوظ کر لیا اور فریقین کو آئندہ سماعت پر پیش ہونے
بقیہ
25
وزیر اعلیٰ نے کہا کہ صوبے میں ترقیاتی منصوبوں کو بروقت مکمل کیا جائے گا اور عوام کو بنیادی سہولیات فراہم کی جائیں گی۔ پولیس کے مطابق ملزمان کو گرفتار کر کے مقدمہ درج کر لیا گیا ہے اور مزید تفتیش جاری ہے۔ انہوں نے کہا کہ عمران خان نے اپنی جماعت میں شامل ہونے والے کارکنوں سے خطاب کیا اور کہا کہ وقت آ گیا ہے کہ ملک کے عوام اپنے ووٹ کا صحیح استعمال کریں۔ پاکستان کی معیشت کو درپیش چیلنجز کے حوالے سے وزیر خزانہ نے کہا کہ حکومت اصلاحات کے ذریعے مسائل پر قابو پانے کی
بقیہ
26
الیکشن کمیشن نے انتخابات کے انعقاد کے لیے تمام انتظامات مکمل کر لیے ہیں اور پولنگ اسٹیشنز پر سیکیورٹی کے سخت انتظامات کیے گئے ہیں۔ عدالت نے درخواست پر سماعت کے بعد فیصلہ محفوظ کر لیا اور فریقین کو آئندہ سماعت پر پیش ہونے کی ہدایت کی۔ وزیر اعلیٰ نے کہا کہ صوبے میں ترقیاتی منصوبوں کو بروقت مکمل کیا جائے گا اور عوام کو بنیادی سہولیات فراہم کی جائیں گی۔ پولیس کے مطابق ملزمان کو گرفتار کر کے مقدمہ درج کر لیا گیا ہے اور مزید تفتیش جاری ہے۔ انہوں نے کہا کہ عمران خان نے اپنی جماعت میں شامل ہونے والے کارکنوں سے خطاب کیا اور کہا کہ وقت آ گیا ہے کہ ملک کے عوام اپنے ووٹ کا صحیح استعمال
پاکستان کی معیشت کو درپیش چیلنجز کے حوالے سے وزیر خزانہ نے کہا کہ حکومت اصلاحات کے ذریعے مسائل پر قابو پانے کی کوشش کر رہی ہے۔ الیکشن کمیشن نے انتخابات کے انعقاد کے لیے تمام انتظامات مکمل کر لیے ہیں اور پولنگ اسٹیشنز پر سیکیورٹی کے سخت انتظامات کیے گئے ہیں۔ عدالت نے درخواست پر سماعت کے بعد فیصلہ محفوظ کر لیا اور فریقین کو آئندہ سماعت پر پیش ہونے کی ہدایت کی۔ وزیر اعلیٰ نے کہا کہ صوبے میں ترقیاتی منصوبوں کو بروقت مکمل کیا جائے گا اور عوام کو بنیادی سہولیات فراہم کی جائیں گی۔ پولیس کے مطابق ملزمان کو گرفتار کر کے مقدمہ درج کر لیا گیا ہے اور مزید تفتیش جاری ہے۔ انہوں نے کہا کہ
بقیہ
27
پاکستان کی معیشت کو درپیش چیلنجز کے حوالے سے وزیر خزانہ نے کہا کہ حکومت اصلاحات کے ذریعے مسائل پر قابو پانے کی کوشش کر رہی ہے۔ الیکشن کمیشن نے انتخابات کے انعقاد کے لیے تمام انتظامات مکمل کر لیے ہیں اور پولنگ اسٹیشنز پر سیکیورٹی کے سخت انتظامات کیے گئے ہیں۔ عدالت نے درخواست پر سماعت کے بعد فیصلہ محفوظ کر لیا اور فریقین کو آئندہ سماعت پر پیش ہونے کی ہدایت کی۔ وزیر اعلیٰ نے کہا کہ صوبے میں ترقیاتی منصوبوں کو بروقت مکمل کیا جائے گا اور عوام کو بنیادی سہولیات فراہم کی جائیں گی۔ پولیس کے مطابق ملزمان کو گرفتار کر کے مقدمہ درج کر لیا گیا ہے اور مزید تفتیش جاری ہے۔ انہوں نے کہا کہ عمران خان نے اپنی جماعت میں شامل ہونے والے کارکنوں سے خطاب کیا اور کہا کہ وقت آ گیا ہے کہ ملک کے عوام اپنے ووٹ کا صحیح استعمال کریں۔ پاکستان کی معیشت کو درپیش چیلنجز کے حوالے سے وزیر خزانہ نے کہا کہ حکومت اصلاحات کے ذریعے مسائل پر قابو پانے کی کوشش کر رہی ہے۔ الیکشن کمیشن نے انتخابات کے انعقاد کے لیے تمام انتظامات مکمل کر لیے ہیں اور پولنگ اسٹیشنز پر سیکیورٹی کے سخت انتظامات کیے گئے ہیں۔ عدالت نے درخواست پر سماعت کے بعد فیصلہ محفوظ کر لیا اور فریقین کو آئندہ سماعت پر پیش ہونے کی ہدایت کی۔ وزیر اعلیٰ نے کہا کہ صوبے میں ترقیاتی منصوبوں کو بروقت مکمل کیا جائے گا اور عوام کو ب
بقیہ
28
پولیس کے مطابق ملزمان کو گرفتار کر کے مقدمہ درج کر لیا گیا ہے اور مزید تفتیش جاری ہے۔ انہوں نے کہا کہ عمران خان نے اپنی جماعت میں شامل ہونے والے کارکنوں سے خطاب کیا اور کہا کہ وقت آ گیا ہے کہ ملک کے عوام اپنے ووٹ کا صحیح استعمال کریں۔ پاکستان کی معیشت کو درپیش چیلنجز کے حوالے سے وزیر خزانہ نے کہا کہ حکومت اصلاحات کے ذریعے مسائل پر قابو پانے کی کوشش کر رہی ہے۔ الیکشن کمیشن نے انتخابات کے انعقاد کے لیے تمام انتظامات مکمل کر لیے ہیں اور پولنگ اسٹیشنز پر سیکیورٹی کے سخت انتظامات کیے گئے ہیں۔ عدالت نے درخواست پر سماعت کے بعد فیصلہ محفوظ کر لیا اور فریقین کو آئندہ سماعت پر پیش ہونے کی ہدایت کی۔ وزیر اعلیٰ نے کہا کہ صوبے میں ترقیاتی منصوبوں کو بروقت مکمل کیا جائے گا اور عوام کو بنیادی سہولیات فراہم کی جائیں گی۔ پولیس کے مطابق ملزمان کو گرفتار کر کے مقدمہ درج کر لیا گیا ہے اور مزید تفتیش جاری ہے۔ انہوں نے کہا کہ عمران خان نے اپنی جماعت میں شامل ہونے والے کارکنوں سے خطاب کیا اور کہا کہ وقت آ گیا ہے کہ ملک کے عوام اپنے ووٹ کا صحیح استعمال کریں۔ پاکستان کی معیشت کو درپیش چیلنجز کے حوالے سے وزیر خزانہ نے کہا کہ حکومت اصلاحات کے ذریعے مسائل پر قابو پانے کی کوشش کر رہی ہے۔ الیکشن کمیشن نے انتخابات کے انعقاد کے لیے تمام انتظامات مکمل کر لیے ہیں اور پولنگ اسٹیشنز پر سیکیورٹی کے سخت انتظامات کیے گئے ہیں۔ عدالت نے درخواست پر سماعت کے بعد فیصلہ محفوظ کر لیا اور فریقین کو آئندہ سماعت پر پیش ہونے کی ہدایت کی۔ وزیر اعلیٰ نے کہا کہ صوبے میں ترقیاتی منصوبوں کو بروقت مکمل کیا جائے گا اور عوام ک
بقیہ
29
پولیس کے مطابق ملزمان کو گرفتار کر کے مقدمہ درج کر لیا گیا ہے اور مزید تفتیش جاری ہے۔ انہوں نے کہا کہ عمران خان نے اپنی جماعت میں شامل ہونے والے کارکنوں سے خطاب کیا اور کہا کہ وقت آ گیا ہے کہ ملک کے عوام اپنے ووٹ کا صحیح استعمال کریں۔ پاکستان کی معیشت کو درپیش چیلنجز کے حوالے سے وزیر خزانہ نے کہا کہ حکومت اصلاحات کے ذریعے مسائل پر قابو پانے کی کوشش کر رہی ہے۔ الیکشن کمیشن نے انتخابات کے انعقاد کے لیے تمام انتظامات مکمل کر لیے ہیں اور پولنگ اسٹیشنز پر سیکیورٹی کے سخت انتظامات کیے گئے ہیں۔ عدالت نے درخواست پر سماعت کے بعد فیصلہ محفوظ کر لیا اور فریقین کو آئندہ سماعت پر پیش ہونے کی ہدایت کی۔ وزیر اعلیٰ نے کہا کہ صوبے میں ترقیاتی منصوبوں کو بروقت مکمل کیا جائے گا اور عوام کو بنیادی سہولیات ف
بقیہ
30
پولیس کے مطابق ملزمان کو گرفتار کر کے مقدمہ درج کر لیا گیا ہے اور مزید تفتیش جاری ہے۔ انہوں نے کہا کہ عمران خان نے اپنی جماعت میں شامل ہونے والے کارکنوں سے خطاب کیا اور کہا کہ وقت آ گیا ہے کہ ملک کے عوام اپنے ووٹ کا صحیح استعمال کریں۔ پاکستان کی معیشت کو درپیش چیلنجز کے حوالے سے وزیر خزانہ نے کہا کہ حکومت اصلاحات کے ذریعے مسائل پر قابو پانے کی کوشش کر رہی ہے۔ الیکشن کمیشن نے انتخابات کے انعقاد کے لیے تمام انتظامات مکمل کر لیے ہیں اور پولنگ اسٹیشنز پر سیکیورٹی کے سخت انتظامات کیے گئے ہیں۔ عدالت نے درخواست پر سماعت کے بعد فیصلہ محفوظ کر لیا اور فریقین کو آئندہ سماعت پر پیش ہونے کی ہدایت کی۔ وزیر اعلیٰ نے کہا کہ صوبے میں ترقیاتی منصوبوں کو بروقت مکمل کیا جائے گا اور عوام کو بنیادی سہولیات فراہم کی جائیں گی۔ پولیس کے مطابق ملزمان کو گرفتار کر کے مقدمہ درج کر لیا گیا ہے اور مزید تفتیش جاری ہے۔ انہوں نے کہا کہ عمران خان نے اپنی جماعت میں شامل ہونے والے کارکنوں سے خطاب کیا اور کہا کہ وقت آ گیا ہے کہ ملک کے عوام اپنے ووٹ کا صحیح استعمال کریں۔ پاکستان کی معیشت کو درپیش چیلنجز کے ح
بقیہ
31
الیکشن کمیشن نے انتخابات کے انعقاد کے لیے تمام انتظامات مکمل کر لیے ہیں اور پولنگ اسٹیشنز پر سیکیورٹی کے سخت انتظامات کیے گئے ہیں۔ عدالت نے درخواست پر سماعت کے بعد فیصلہ محفوظ کر لیا اور فریقین کو آئندہ سماعت پر پیش ہونے کی ہدایت کی۔ وزیر اعلیٰ نے کہا کہ صوبے میں ترقیاتی منصوبوں کو بروقت مکمل کیا جائے گا اور عوام کو بنیادی سہولیات فراہم کی جائیں
بقیہ
32
پولیس کے مطابق ملزمان کو گرفتار کر کے مقدمہ درج کر لیا گیا ہے اور مزید تفتیش جاری ہے۔ انہوں نے کہا کہ عمران خان نے اپنی جماعت میں شامل ہونے والے کارکنوں سے خطاب کیا اور کہا کہ وقت آ گیا ہے کہ ملک کے عوام اپنے ووٹ کا صحیح استعمال کریں۔ پاکستان کی معیشت کو درپیش چیلنجز کے حوالے سے وزیر خزانہ نے کہا کہ حکومت اصلاحات کے ذریعے مسائل پر قابو پانے کی کوشش کر رہی ہے۔ الیکشن کمیشن نے انتخابات کے انعقاد کے لیے تمام انتظامات مکمل کر لیے ہیں اور پولنگ اسٹیشنز پر سیکیورٹی کے سخت انتظامات کیے گئے ہیں۔ عدالت نے درخواست پر سماعت کے بعد فیصلہ محفوظ کر لیا اور فریقین کو آئندہ سماعت پر پیش ہونے کی ہدایت کی۔ وزیر اعلیٰ نے کہا کہ صوبے میں ترقیاتی منصوبوں کو بروقت مکمل کیا جائے گا اور عوام کو بنیادی سہولیات فراہم کی جائیں گی۔ پولیس کے مطابق ملزمان کو گرفتار کر کے مق
بقیہ
33
انہوں نے کہا کہ عمران خان نے اپنی جماعت میں شامل ہونے والے کارکنوں سے خطاب کیا اور کہا کہ وقت آ گیا ہے کہ ملک کے عوام اپنے ووٹ کا صحیح استعمال کریں۔ پاکستان کی معیشت کو درپیش چیلنجز کے حوالے سے وزیر خزانہ نے کہا کہ حکومت اصلاحات کے ذریعے مسائل پر قابو پانے کی کوشش کر رہی ہے۔ الیکشن کمیشن نے انتخابات کے انعقاد کے لیے تمام انتظامات مکمل کر لیے ہیں اور پولنگ اسٹیشنز پر سیکیورٹی کے سخت انتظامات کیے گئے ہیں۔
بقیہ
34
عدالت نے درخواست پر سماعت کے بعد فیصلہ محفوظ کر لیا اور فریقین کو آئندہ سماعت پر پیش ہونے کی ہدایت کی۔ وزیر اعلیٰ نے کہا کہ صوبے میں ترقیاتی منصوبوں کو بروقت مکمل کیا جائے گا اور عوام کو بنیادی سہولیات فراہم کی جائیں گی۔ پولیس کے مطابق ملزمان کو گرفتار کر کے مقدمہ درج کر لیا گیا ہے اور مزید تفتیش جاری ہے۔ انہوں نے کہا کہ عمران خان نے اپنی جماعت میں شامل ہونے والے کارکنوں سے خطاب کیا اور کہا کہ وقت آ گیا ہے کہ ملک کے عوام اپنے ووٹ کا صحیح استعمال کریں۔ پاکستان کی معیشت کو درپیش چیلنجز کے حوالے سے وزیر خزانہ نے کہا کہ حکومت اصلاحات کے ذریعے مسائل پر قابو پانے کی کوشش کر رہی ہے۔ الیکشن کمیشن نے انتخابات کے انعقاد کے لیے تمام انتظامات
بقیہ
35
عدالت نے درخواست پر سماعت کے بعد فیصلہ محفوظ کر لیا اور فریقین کو آئندہ سماعت پر پیش ہونے کی ہدایت کی۔ وزیر اعلیٰ نے کہا کہ صوبے میں ترقیاتی منصوبوں کو بروقت مکمل کیا جائے گا اور عوام کو بنیادی سہولیات فراہم کی جائیں گی۔ پولیس کے مطابق ملزمان کو گرفتار کر کے مقدمہ درج کر لیا گیا ہے اور مزید تفتیش جاری ہے۔ انہوں نے کہا کہ عمران خان نے اپنی جماعت میں شامل ہونے والے کارکنوں سے خطاب کیا اور کہا کہ وقت آ گیا ہے کہ ملک کے عوام اپنے ووٹ کا صحیح استعمال کریں۔ پاکستان
الیکشن کمیشن نے انتخابات کے انعقاد کے لیے تمام انتظامات مکمل کر لیے ہیں اور پولنگ اسٹیشنز پر سیکیورٹی کے سخت انتظامات کیے گئے ہیں۔ عدالت نے درخواست پر سماعت کے بعد فیصلہ محفوظ کر لیا اور فریقین کو آئندہ سماعت پر پیش ہونے کی ہدایت کی۔ وزیر اعلیٰ نے کہا کہ صوبے میں ترقیاتی منصوبوں کو بروقت مکمل کیا جائے گا اور عوام کو بنیادی سہولیات فراہم کی جائیں گی۔ پولیس کے مطابق ملزمان کو گرفتار کر کے مقدمہ درج کر لیا گیا ہے اور مزید تفتیش جاری ہے۔ انہوں نے کہا کہ عمران خان نے اپنی جماعت میں شامل ہونے والے کارکنوں سے خطاب کیا اور کہا کہ وقت آ گیا ہے کہ ملک کے عوام اپنے ووٹ کا صحیح استعمال کریں۔ پاکستان کی معیشت کو درپیش چیلنجز کے حوالے سے وزیر خزانہ نے کہا کہ حکومت اصلاحات کے ذریعے مسائل پر قابو پانے کی کوشش کر رہی ہے۔ الیکشن کمیشن نے انتخابات کے انعقاد کے لی
بقیہ
36
عدالت نے درخواست پر سماعت کے بعد فیصلہ محفوظ کر لیا اور فریقین کو آئندہ سماعت پر پیش ہونے کی ہدایت کی۔ وزیر اعلیٰ نے کہا کہ صوبے میں ترقیاتی منصوبوں کو بروقت مکمل کیا جائے گا اور عوام کو بنیادی سہولیات فراہم کی جائیں گی۔ پولیس کے مطابق ملزمان کو گرفتار کر کے مقدمہ درج کر لیا گیا ہے اور مزید تفتیش جاری ہے۔ انہوں نے کہا کہ عمران خان نے اپنی جماعت میں شامل ہونے والے کارکنوں سے خطاب کیا اور کہا کہ وقت آ گیا ہے کہ ملک کے عوام اپنے ووٹ کا صحیح استعمال کریں۔ پاکستان کی معیشت کو درپیش چیلنجز کے حوالے سے وزیر خزانہ نے کہا کہ حکومت اصلاحات کے ذریعے مسائل پر قابو پانے کی کوشش کر رہی ہے۔ الیکشن کمیشن نے انتخابات کے انعقاد کے لیے تمام انتظامات مکمل کر لیے ہیں اور پولنگ اسٹیشنز پر سیکیورٹی کے سخت انتظامات کیے گئے ہیں۔ عدالت نے درخواست پر سماعت کے بعد فیصلہ محفوظ کر لیا اور فریقین کو آئندہ سماعت پر پیش ہونے کی ہدایت کی۔ وزیر اعلیٰ نے کہا کہ صوبے میں ترقیاتی منصوبوں کو بروقت مکمل کیا جائے گا اور عوام کو بنیادی سہولیات فراہم کی جائیں گی۔ پولیس کے مطابق ملزمان کو گرفتار کر کے مقدمہ درج کر لیا گیا ہے اور مزید تفتیش جاری ہے۔ انہوں نے کہا کہ عمران خ
بقیہ
37
پاکستان کی معیشت کو درپیش چیلنجز کے حوالے سے وزیر خزانہ نے کہا کہ حکومت اصلاحات کے ذریعے مسائل پر قابو پانے کی کوشش کر رہی ہے۔ الیکشن کمیشن نے انتخابات کے انعقاد کے لیے تمام انتظامات مکمل کر لیے ہیں اور پولنگ اسٹیشنز پر سیکیورٹی کے سخت انتظامات کیے گئے ہیں۔ عدالت نے درخواست پر سماعت کے بعد فیصلہ محفوظ کر لیا اور فریقین کو آئندہ سماعت پر پیش ہونے کی ہدایت کی۔ وزیر اعلیٰ نے کہا کہ صوبے میں ترقیاتی منصوبوں کو بروقت مکمل کیا جائے گا اور عوام کو بنیادی سہولیات فراہم کی جائیں گی۔ پولیس کے مطابق ملزمان کو گرفتار کر کے مقدمہ درج کر لیا گیا ہے اور مزید تفتیش جاری ہے۔ انہوں نے کہا کہ عمران خان نے اپنی جماعت میں شامل ہونے والے کارکنوں سے خطاب کیا اور کہا کہ وقت آ گیا ہے کہ ملک کے عوام اپنے ووٹ کا صحیح استعمال کریں۔ پاکستان کی معیشت کو درپیش چیلنجز کے حوالے سے وزیر خزانہ نے کہا کہ حکومت اصلاحات کے ذریعے مسائل پر قابو پانے کی کوشش کر رہی ہے۔ الیکشن کمیشن نے انتخابات کے انعقاد کے لیے تمام انتظامات مکمل کر لیے ہیں اور پولنگ اسٹیشنز پر سیکیورٹی کے سخت انتظامات کیے گئے ہیں۔ عدالت نے درخواست پر سماعت کے بعد فیصلہ محفوظ کر لیا اور فریقین کو آئندہ سماعت پر پیش ہونے کی ہدایت کی۔ وزیر اعلیٰ نے کہا کہ صوبے م
بقیہ
38
پولیس کے مطابق ملزمان کو گرفتار کر کے مقدمہ درج کر لیا گیا ہے اور مزید تفتیش جاری ہے۔ انہوں نے کہا کہ عمران خان نے اپنی جماعت میں شامل ہونے والے کارکنوں سے خطاب کیا اور کہا کہ وقت آ گیا ہے کہ ملک کے عوام اپنے ووٹ کا صحیح استعمال کریں۔ پاکستان کی معیشت کو درپیش چیلنجز کے حوالے سے وزیر خزانہ نے کہا کہ حکومت اصلاحات کے ذریعے مسائل پر قابو پانے کی کوشش کر رہی ہے۔ الیکشن کمیشن نے انتخابات کے انعقاد کے لیے تمام انتظامات مکمل کر لیے ہیں اور پولنگ اسٹیشنز پر سیکیورٹی کے سخت انتظامات کیے گئے ہیں۔ عدالت نے درخواست پر سماعت کے بعد فیصلہ محفوظ کر لیا اور فریقین کو آئندہ سماعت پر پیش ہونے کی ہدایت کی۔ وزیر اعلیٰ نے کہا کہ صوبے میں ترقیاتی منصوبوں کو بروقت مکمل کیا جائے گا اور عوام کو بنیادی سہولیات فراہم کی جائیں گی۔ پولیس کے مطابق ملزمان کو گرفتار کر کے مقدمہ درج کر لیا گیا ہے اور مزید تفتیش جاری ہے۔ انہوں نے کہا کہ عمران خان نے اپنی جماعت میں شامل ہونے والے کارکنوں سے خطاب کیا اور کہا کہ وقت آ گیا ہے کہ ملک کے عوام اپنے ووٹ کا صحیح استعمال کریں۔ پاکستان کی معیشت کو درپیش چیلنجز کے حوالے سے وزیر خزانہ نے کہا کہ حکومت اصلاحات کے ذریعے مسائل پر قابو پانے کی کوشش کر رہی ہے۔ الیکشن کمیشن نے انتخابات ک
بقیہ
39
عدالت نے درخواست پر سماعت کے بعد فیصلہ محفوظ کر لیا اور فریقین کو آئندہ سماعت پر پیش ہونے کی ہدایت کی۔ وزیر اعلیٰ نے کہا کہ صوبے میں ترقیاتی منصوبوں کو بروقت مکمل کیا جائے گا اور عوام کو بنیادی سہولیات فراہم کی جائیں گی۔ پولیس کے مطابق ملزمان کو گرفتار کر کے مقدمہ درج کر لیا گیا ہے اور مزید تفتیش جاری ہے۔ انہوں نے کہا کہ عمران خان نے اپنی جماعت میں شامل ہونے والے کارکنوں سے خطاب کیا اور کہا کہ وقت آ گیا ہے کہ ملک کے عوام اپنے ووٹ کا صحیح استعمال کریں۔ پاکستان کی معیشت کو درپیش چیلنجز کے حوالے سے وزیر خزانہ نے کہا کہ حکومت اصلاحات کے ذریعے مسائل پر قابو پانے کی کوشش کر رہی ہے۔ الیکشن کمیشن نے انتخابات کے انعقاد کے لیے تمام انتظامات مکمل کر لیے ہیں اور پولنگ اسٹیشنز پر سیکیورٹی کے سخت انتظامات کیے گئے ہیں۔ عدالت نے درخواست پر سماعت کے بعد فیصلہ محفوظ کر لیا اور فریقین کو آئندہ سماعت پر پیش ہونے کی ہدایت
بقیہ
40
وزیر اعلیٰ نے کہا کہ صوبے میں ترقیاتی منصوبوں کو بروقت مکمل کیا جائے گا اور عوام کو بنیادی سہولیات فراہم کی جائیں گی۔ پولیس کے مطابق ملزمان کو گرفتار کر کے مقدمہ درج کر لیا گیا ہے اور مزید تفتیش جاری ہے۔ انہوں نے کہا کہ عمران خان نے اپنی جماعت میں شامل ہونے والے کارکنوں سے خطاب کیا اور کہا کہ وقت آ گیا ہے کہ ملک کے عوام اپنے ووٹ کا صحیح استعمال کریں۔ پاکستان کی معیشت کو درپیش چیلنجز کے حوالے سے وزیر خزانہ نے کہا کہ حکومت اصلاحات کے ذریعے مسائل پر قابو پانے کی کوشش کر رہی ہے۔ الیکشن کمیشن نے انتخابات کے انعقاد کے لیے تمام انتظامات مکمل کر لیے ہیں اور پولنگ اسٹیشنز پر سیکیورٹی کے سخت انتظامات کیے گئے ہیں۔ عدالت نے درخواست پر سماعت کے بعد فیصلہ محفوظ کر لیا اور فریقین کو آئندہ سماعت پر پیش
بقیہ
41
وزیر اعلیٰ نے کہا کہ صوبے میں ترقیاتی منصوبوں کو بروقت مکمل کیا جائے گا اور عوام کو بنیادی سہولیات فراہم کی جائیں گی۔ پولیس کے مطابق ملزمان کو گرفتار کر کے مقدمہ درج کر لیا گیا ہے اور مزید تفتیش جاری ہے۔ انہوں نے کہا کہ عمران خان نے اپنی جماعت میں شامل ہونے والے کارکنوں سے خطاب کیا اور کہا کہ وقت آ گیا ہے کہ ملک کے عوام اپنے ووٹ کا صحیح استعمال ک
پاکستان کی معیشت کو درپیش چیلنجز کے حوالے سے وزیر خزانہ نے کہا کہ حکومت اصلاحات کے ذریعے مسائل پر قابو پانے کی کوشش کر رہی ہے۔ الیکشن کمیشن نے انتخابات کے انعقاد کے لیے تمام انتظامات مکمل کر لیے ہیں اور پولنگ اسٹیشنز پر سیکیورٹی کے سخت انتظامات کیے گئے ہیں۔ عدالت نے درخواست پر سماعت کے بعد فیصلہ محفوظ کر لیا اور فریقین کو آئندہ سماعت پر پیش ہونے کی ہدایت کی۔ وزیر اعلیٰ نے کہا کہ صوبے میں ترقیاتی منصوبوں کو بروقت مکمل کیا جائے گا اور عوام کو بنیادی سہولیات فراہم کی جائیں گی۔ پولیس کے مطابق ملزمان کو گرفتار کر کے مقدمہ درج کر لیا گیا ہے اور مزید تفتیش جاری ہے۔ انہوں نے کہا کہ
پاکستان کی معیشت کو درپیش چیلنجز کے حوالے سے وزیر خزانہ نے کہا کہ حکومت اصلاحات کے ذریعے مسائل پر قابو پانے کی کوشش کر رہی ہے۔ الیکشن کمیشن نے انتخابات کے انعقاد کے لیے تمام انتظامات مکمل کر لیے ہیں اور پولنگ اسٹیشنز پر سیکیورٹی کے سخت انتظامات کیے گئے ہیں۔ عدالت نے درخواست پر سماعت کے بعد فیصلہ محفوظ کر لیا اور فریقین کو آئندہ سماعت پر پیش ہونے
بقیہ
42
وزیر اعلیٰ نے کہا کہ صوبے میں ترقیاتی منصوبوں کو بروقت مکمل کیا جائے گا اور عوام کو بنیادی سہولیات فراہم کی جائیں گی۔ پولیس کے مطابق ملزمان کو گرفتار کر کے مقدمہ درج کر لیا گیا ہے اور مزید تفتیش جاری ہے۔ انہوں نے کہا کہ عمران خان نے اپنی جماعت میں شامل ہونے والے کارکنوں سے خطاب کیا اور کہا کہ وقت آ گیا ہے کہ ملک کے عوام اپنے ووٹ کا صحیح استعمال کریں۔ پاکستان کی معیشت کو درپیش چیلنجز کے حوالے سے وزیر خزانہ نے کہا کہ حکومت اصلاحات کے ذریعے مسائل پر قابو پانے کی کوشش کر رہی ہے۔ الیکشن کمیشن نے انتخابات کے انعقاد کے لیے تمام انتظامات مکمل کر لیے ہیں اور پولنگ اسٹیشنز پر سیکیورٹی کے سخت انتظامات کیے گئے ہیں۔ عدالت نے درخواست پر سماعت کے بعد فیصلہ محفوظ کر لیا اور فریقین کو آئندہ سماعت پر پیش ہونے کی ہدایت کی۔ وزیر اعلیٰ نے کہا کہ صوبے میں ترقیاتی منصوبوں کو بروقت مکمل کیا جائے گا اور عوام کو بنیادی سہولیات فراہم کی جائیں گی۔ پولیس کے مطابق ملزمان کو گرفتار کر کے مقدمہ درج کر لیا گیا ہے اور مزید تفتیش جاری ہے۔ انہوں نے کہا کہ عمران خان نے اپنی جماعت میں شامل ہونے والے کارکنوں سے خطاب کیا اور کہا کہ وقت آ گیا ہے کہ ملک کے عوام اپنے ووٹ کا صحیح استعمال کریں۔ پاکستان کی معیشت کو درپیش چیلنجز کے حوالے سے وزیر خزانہ نے کہا کہ حکومت اصلاحات کے ذریعے مسائل پر قابو پانے کی کوشش کر رہی ہے۔ الیکشن کمیشن نے انتخابات کے انعقاد کے لیے تمام انتظامات مکمل کر لیے ہیں اور پولنگ اسٹیشنز پر سیکیورٹی کے سخت انتظامات کیے گئے ہیں۔ عدالت نے درخواست پر سماعت کے بعد فیصلہ محفوظ کر لیا اور فریقین کو آئندہ سماعت پر پیش ہونے کی ہدایت کی۔ وزیر اعلیٰ نے کہا کہ صوبے میں ترقیاتی منصوبوں کو بروقت مکمل کیا جائے گا اور عوام
بقیہ
43
پولیس کے مطابق ملزمان کو گرفتار کر کے مقدمہ درج کر لیا گیا ہے اور مزید تفتیش جاری ہے۔ انہوں نے کہا کہ عمران خان نے اپنی جماعت میں شامل ہونے والے کارکنوں سے خطاب کیا اور کہا کہ وقت آ گیا ہے کہ ملک کے عوام اپنے ووٹ کا صحیح استعمال کریں۔ پاکستان کی معیشت کو درپیش چیلنجز کے حوالے سے وزیر خزانہ نے کہا کہ حکومت اصلاحات کے ذریعے مسائل پر قابو پانے کی کوشش کر رہی ہے۔ الیکشن کمیشن نے انتخابات کے انعقاد کے لیے تمام انتظامات مکمل کر لیے ہیں اور پولنگ اسٹیشنز پر سیکیورٹی کے سخت انتظامات کیے گئے ہیں۔ عدالت نے درخواست پر سماعت کے بعد فیصلہ محفوظ کر لیا اور فریقین کو آئندہ سماعت پر پیش ہونے کی ہدایت کی۔ وزیر اعلیٰ نے کہا کہ صوبے میں ترقیاتی منصوبوں کو بروقت مکمل کیا جائے گا اور عوام کو بنیادی سہولیات فراہم کی جائیں گی۔ پولیس کے مطابق ملزمان کو گرفتار کر کے مقدمہ درج کر لیا گیا ہے اور مزید تفتیش جاری ہے۔ انہوں نے کہا کہ عمران خان نے اپنی جماعت میں شامل ہونے والے کارکنوں سے خطاب کیا اور کہا کہ وقت آ گیا ہے کہ ملک کے عوام اپنے ووٹ کا صحیح استعمال کریں۔ پاکستان کی معیشت کو درپیش چیلنجز کے حوالے سے وزیر خزانہ نے کہا کہ حکومت اصلاحات کے ذریعے مسائل پر قابو پانے کی کوشش کر رہی ہے۔ الیکشن کمیشن نے انتخابات کے انعقاد کے لیے تمام انتظامات مکمل کر لیے ہیں اور پولنگ اس
بقیہ
44
عدالت نے درخواست پر سماعت کے بعد فیصلہ محفوظ کر لیا اور فریقین کو آئندہ سماعت پر پیش ہونے کی ہدایت کی۔ وزیر اعلیٰ نے کہا کہ صوبے میں ترقیاتی منصوبوں کو بروقت مکمل کیا جائے گا اور عوام کو بنیادی سہولیات فراہم کی جائیں گی۔ پولیس کے مطابق ملزمان کو گرفتار کر کے مقدمہ درج کر لیا گیا ہے اور مزید تفتیش جاری ہے۔ انہوں نے کہا کہ عمران خان نے اپنی جماعت میں شامل ہونے والے کارکنوں سے خطاب کیا اور کہا کہ وقت آ گیا ہے کہ ملک کے عوام اپنے ووٹ کا صحیح استعمال کریں۔ پاکستان کی معیشت کو درپیش چیلنجز کے حوالے سے وزیر خزانہ نے کہا کہ حکومت اصلاحات کے ذریعے مسائل پر قابو پانے کی کوشش کر رہی ہے۔ الیکشن کمیشن نے انتخابات کے انعقاد کے لیے تمام انتظامات مکمل کر لیے ہیں اور پولنگ اسٹیشنز پر سیکیورٹی کے سخت انتظامات کیے گئے ہیں۔ عدالت نے درخواست پر سماعت کے بعد فیصلہ محفوظ کر لیا اور فریقین کو آئندہ سماعت پر پیش ہونے کی ہدایت کی۔ وزیر اعلیٰ نے کہا کہ صوبے میں ترقیاتی منصوبوں کو بروقت مکمل کیا جائے گا اور عوام کو بنیادی سہولیات فراہم کی جائیں گی۔ پولیس کے مطابق ملزمان کو گرفتار کر کے مقدمہ درج کر
بقیہ
45
انہوں نے کہا کہ عمران خان نے اپنی جماعت میں شامل ہونے والے کارکنوں سے خطاب کیا اور کہا کہ وقت آ گیا ہے کہ ملک کے عوام اپنے ووٹ کا صحیح استعمال کریں۔ پاکستان کی معیشت کو درپیش چیلنجز کے حوالے سے وزیر خزانہ نے کہا کہ حکومت اصلاحات کے ذریعے مسائل پر قابو پانے کی کوشش کر رہی ہے۔ الیکشن کمیشن نے انتخابات کے انعقاد کے لیے تمام انتظامات مکمل کر لیے ہیں اور پولنگ اسٹیشنز پر سیکیورٹی کے سخت انتظامات کیے گئے ہیں۔ عدالت نے درخواست پر سماعت کے بعد فیصلہ محفوظ کر لیا اور فریقین کو آئندہ سماعت پر پیش ہونے کی ہدایت کی۔ وزیر اعلیٰ ن
بقیہ
46
پولیس کے مطابق ملزمان کو گرفتار کر کے مقدمہ درج کر لیا گیا ہے اور مزید تفتیش جاری ہے۔ انہوں نے کہا کہ عمران خان نے اپنی جماعت میں شامل ہونے والے کارکنوں سے خطاب کیا اور کہا کہ وقت آ گیا ہے کہ ملک کے عوام اپنے ووٹ کا صحیح استعمال کریں۔ پاکستان کی معیشت کو درپیش چیلنجز کے حوالے سے وزیر خزانہ نے کہا کہ حکومت اصلاحات کے ذریعے مسائل پر قابو پانے کی کوشش کر رہی ہے۔ الیکشن کمیشن نے انتخابات کے انعقاد کے لیے تمام انتظامات مکمل کر لیے ہیں اور پولنگ اسٹیشنز پر سیکیورٹی کے سخت انتظامات کیے گئے ہیں۔ عدالت نے درخواست پر سماعت کے بعد فیصلہ محفوظ کر لیا اور فریقین کو آئندہ سماعت پر پیش ہونے کی ہدایت کی۔ وزیر اعلیٰ نے کہا کہ صوبے میں ترقیاتی منصوبوں کو بروقت مکمل کیا جائے گا اور عوام کو بنیادی سہولیات فراہم کی جائیں گی۔ پولیس کے مطابق ملزمان کو گرفتار کر کے مقدمہ درج کر لیا گیا ہے اور مزید تفتیش جاری ہے۔ انہوں نے کہا کہ عمران خان نے اپنی جماعت میں شامل ہونے والے کارکنوں سے خطاب کیا اور کہا کہ وقت آ گیا ہے کہ ملک کے عوام اپنے ووٹ کا صحیح استعمال کریں۔ پاکستان کی معیشت کو درپیش چیلنجز کے حوالے سے وزیر خزانہ نے کہا کہ حکومت اصلاحات کے ذریعے مسائل پر قابو پانے کی کوشش کر رہی ہے۔ الیکشن کمیشن نے انتخابات کے انعقاد کے لیے تمام انتظامات مکمل کر لیے ہیں اور پولنگ اسٹیشنز پر سیکیورٹی کے سخت انتظامات کیے گئے ہیں۔ عدالت نے درخواست پر سماعت کے بعد فیصلہ محفوظ کر لیا اور فریقین کو آئن
بقیہ
47
وزیر اعلیٰ نے کہا کہ صوبے میں ترقیاتی منصوبوں کو بروقت مکمل کیا جائے گا اور عوام کو بنیادی سہولیات فراہم کی جائیں گی۔ پولیس کے مطابق ملزمان کو گرفتار کر کے مقدمہ درج کر لیا گیا ہے اور مزید تفتیش جاری ہے۔ انہوں نے کہا کہ عمران خان نے اپنی جماعت میں شامل ہونے والے کارکنوں سے خطاب کیا اور کہا کہ وقت آ گیا ہے کہ ملک کے عوام اپنے ووٹ کا صحیح استعمال کریں۔ پاکستان کی معیشت کو درپیش چیلنجز کے حوالے سے وزیر خزانہ نے کہا کہ حکومت اصلاحات کے ذریعے مسائل پر قابو پانے کی کوشش کر رہی ہے۔ الیکشن کمیشن نے انتخابات کے انعقاد کے لیے تمام انتظامات مکمل کر لیے ہیں اور پولنگ اسٹیشنز پر سیکیورٹی کے سخت انتظامات کیے گئے ہیں۔ عدالت نے درخواست پر سماعت کے بعد فیصلہ محفوظ کر لیا اور فریقین کو آئندہ سماعت پر پیش ہونے کی ہدایت کی۔ وزیر اعلیٰ نے کہا کہ صوبے میں ترقیاتی منصوبوں کو بروقت مکمل کیا جائے گا اور عوام کو بنیادی سہولیات فراہم کی جائیں گی۔ پولیس کے مطابق ملزمان کو گرفتار کر کے مقدمہ درج کر لیا گیا ہے اور مزید تفتیش جاری ہے۔ انہوں نے کہا کہ عمران خان نے اپنی جماعت میں شامل ہونے والے کارکنوں س
بقیہ
48
پاکستان کی معیشت کو درپیش چیلنجز کے حوالے سے وزیر خزانہ نے کہا کہ حکومت اصلاحات کے ذریعے مسائل پر قابو پانے کی کوشش کر رہی ہے۔ الیکشن کمیشن نے انتخابات کے انعقاد کے لیے تمام انتظامات مکمل کر لیے ہیں اور پولنگ اسٹیشنز پر سیکیورٹی کے سخت انتظامات کیے گئے ہیں۔ عدالت نے درخواست پر سماعت کے بعد فیصلہ محفوظ کر لیا اور فریقین کو آئندہ سماعت پر پیش ہونے کی ہدایت کی۔ وزیر اعلیٰ نے کہا کہ صوبے میں ترقیاتی منصوبوں
بقیہ
49
پولیس کے مطابق ملزمان کو گرفتار کر کے مقدمہ درج کر لیا گیا ہے اور مزید تفتیش جاری ہے۔ انہوں نے کہا کہ عمران خان نے اپنی جماعت میں شامل ہونے والے کارکنوں سے خطاب کیا اور کہا کہ وقت آ گیا ہے کہ ملک کے عوام اپنے ووٹ کا صحیح استعمال کریں۔ پاکستان کی معیشت کو درپیش چیلنجز کے حوالے سے وزیر خزانہ نے کہا کہ حکومت اصلاحات کے ذریعے مسائل پر قابو پانے کی کوشش کر رہی ہے۔ الیکشن کمیشن نے انتخابات کے انعقاد کے لیے تمام انتظامات مکمل کر لیے ہیں اور پولنگ اسٹیشنز پر سیکیورٹی کے سخت انتظامات کیے گئے ہیں۔ عدالت نے درخواست پر سماعت کے بعد فیصلہ محفوظ کر لیا اور فریقین کو آئندہ سماعت پر پیش ہونے کی ہدایت کی۔ وزیر اعلیٰ نے کہا کہ صوبے میں ترقیاتی منصوبوں کو بروقت مکمل کیا جائے گا اور عوام کو بنیادی سہولیات فراہم کی جائیں گی۔ پولیس کے مطابق ملزمان کو گرفتار کر کے مقدمہ درج کر لیا گیا ہے اور مزید تفتیش جاری ہے۔ انہوں نے کہا کہ عمران خان نے اپنی جماعت میں شامل ہونے والے کارکنوں سے خطاب کیا اور کہا کہ وقت آ گیا ہے کہ ملک کے عوام اپنے ووٹ کا صحیح استعمال کریں۔ پاکستان کی معیشت کو درپیش چیلنجز کے حوالے سے وزیر خزانہ نے کہا کہ حکومت اصلاحات کے ذریعے مسائل پر قابو پانے کی کوشش کر رہی ہے۔ الیکشن کمیشن نے انتخابات کے انعقاد کے لیے تمام انتظامات مکمل کر لیے ہیں اور پولنگ اس
بقیہ
50
عدالت نے درخواست پر سماعت کے بعد فیصلہ محفوظ کر لیا اور فریقین کو آئندہ سماعت پر پیش ہونے کی ہدایت کی۔ وزیر اعلیٰ نے کہا کہ صوبے میں ترقیاتی منصوبوں کو بروقت مکمل کیا جائے گا اور عوام کو بنیادی سہولیات فراہم کی جائیں گی۔ پولیس کے مطابق ملزمان کو گرفتار کر کے مقدمہ درج کر لیا گیا ہے اور مزید تفتیش جاری ہے۔ انہوں نے کہا کہ عمران خان نے اپنی جماعت میں شامل ہونے والے کارکنوں سے خطاب کیا اور کہا کہ وقت آ گیا ہے کہ ملک کے عوام اپنے ووٹ کا صحیح استعمال کریں۔ پاکستان کی معیشت کو درپیش چیلنجز کے حوالے سے وزیر خزانہ نے کہا کہ حکومت اصلاحات کے ذریعے مسائل پر قابو پانے کی کوشش کر رہی ہے۔ الیکشن کمیشن نے انتخابات کے انعقاد کے لیے تمام انتظامات مکمل کر لیے ہیں اور پولنگ اسٹیشنز پر سیکیورٹی کے سخت انتظامات کیے گئے ہیں۔ عدالت نے درخواست پر سماعت کے بعد فیصلہ محفوظ کر لیا اور فریقین کو آئندہ سماعت پر پیش ہونے کی ہدایت
بقیہ
51
وزیر اعلیٰ نے کہا کہ صوبے میں ترقیاتی منصوبوں کو بروقت مکمل کیا جائے گا اور عوام کو بنیادی سہولیات فراہم کی جائیں گی۔ پولیس کے مطابق ملزمان کو گرفتار کر کے مقدمہ درج کر لیا گیا ہے اور مزید تفتیش جاری ہے۔ انہوں نے کہا کہ عمران خان نے اپنی جماعت میں شامل ہونے والے کارکنوں سے خطاب کیا اور کہا کہ وقت آ گیا ہے کہ ملک کے عوام اپنے ووٹ کا صحیح استعمال کریں۔ پاکستان کی معیشت کو درپیش چیلنجز کے حوالے سے وزیر خزانہ نے کہا کہ حکومت اصلاحات کے ذریعے مسائل پر قابو پانے کی کوشش کر رہی ہے۔ الیکشن کمیشن نے انتخابات کے انعقاد کے لیے تمام انتظامات مکمل کر لیے ہیں اور پولنگ اسٹیشنز پر سیکیورٹی کے سخت انتظامات کیے گئے ہیں۔ عدالت نے درخواست پر سماعت کے بعد فیصلہ محفوظ کر لیا اور فریقین کو آئندہ سماعت پر پیش ہونے کی ہدایت کی۔ وزیر اعلیٰ نے کہا کہ صوبے میں ترقیاتی منصوبوں کو بروقت مکمل کیا جائے گا اور عوام کو بنیادی سہولیات فراہم کی جائیں گی۔ پولیس کے مطابق ملزمان کو گرفتار کر کے مقدمہ درج کر لیا گیا ہے اور مزید تفتیش جاری ہے۔ انہوں نے کہا کہ عمران خان نے اپنی جماعت میں شامل ہونے والے کارکنوں سے خطاب کیا اور کہا کہ وقت آ گیا ہے کہ ملک کے عوام اپنے ووٹ کا صحیح استعمال کریں۔ پاکستان کی معیشت کو درپیش چیلنجز کے حوالے سے وزیر خزانہ نے کہا کہ حکومت اصلاحات کے ذریعے مسائل پر قابو پانے کی کوشش کر رہی ہے۔ الیکشن کمیشن نے انتخابات کے انعقاد کے لیے تمام انتظامات مکمل کر لیے ہیں اور پولنگ
بقیہ
52
عدالت نے درخواست پر سماعت کے بعد فیصلہ محفوظ کر لیا اور فریقین کو آئندہ سماعت پر پیش ہونے کی ہدایت کی۔ وزیر اعلیٰ نے کہا کہ صوبے میں ترقیاتی منصوبوں کو بروقت مکمل کیا جائے گا اور عوام کو بنیادی سہولیات فراہم کی جائیں گی۔ پولیس کے مطابق ملزمان کو گرفتار کر کے مقدمہ درج کر لیا گیا ہے اور مزید تفتیش جاری ہے۔ انہوں نے کہا کہ عمران خان نے اپنی جماعت میں شامل ہونے والے کارکنوں سے خطاب کیا اور کہا کہ وقت آ گیا ہے کہ ملک کے عوام اپنے ووٹ کا صحیح استعمال کریں۔ پاکستان کی معیشت کو درپیش چیلنجز کے حوالے سے وزیر خزانہ نے کہا کہ حکومت اصلاحات کے ذریعے مسائل پر قابو پانے کی کوشش کر رہی ہے۔ الیکشن کمیشن نے انتخابات کے انعقاد کے لیے تمام انتظامات مکمل کر لیے ہیں اور پولنگ اسٹیشنز پر سیکیورٹی کے سخت انتظامات کیے گئے ہیں۔ عدالت نے درخواست پر سماعت کے بعد فیصلہ محفوظ کر لیا اور فریقین کو آئندہ سماعت پر پیش ہونے کی ہدایت کی۔ وزیر اعلیٰ نے کہا کہ صوبے میں ترقیاتی منصوبوں کو بروقت مکمل کیا جائے گا اور عوام کو بنیادی سہولیات فراہم کی جائیں گی۔ پولیس کے مطابق ملزمان کو گرفتار کر کے مقدمہ درج کر
بقیہ
53
انہوں نے کہا کہ عمران خان نے اپنی جماعت میں شامل ہونے والے کارکنوں سے خطاب کیا اور کہا کہ وقت آ گیا ہے کہ ملک کے عوام اپنے ووٹ کا صحیح استعمال کریں۔ پاکستان کی معیشت کو درپیش چیلنجز کے حوالے سے وزیر خزانہ نے کہا کہ حکومت اصلاحات کے ذریعے مسائل پر قابو پانے کی کوشش کر رہی ہے۔ الیکشن کمیشن نے انتخابات کے انعقاد کے لیے تمام انتظامات مکمل کر لیے ہیں اور پولنگ اسٹیشنز پر سیکیورٹی کے سخت انتظامات کیے گئے ہیں۔ عدالت نے درخواست پر سماعت کے بعد فیصلہ محفوظ کر لیا اور فریقین کو آئندہ سماعت پر پیش ہونے کی ہدایت کی۔ وزیر اعلیٰ نے کہا کہ صوبے میں ترقیاتی منصوبوں کو بروقت مکمل کیا جائے گا اور عوام کو بنیادی سہولیات فراہم کی جائیں گی۔ پولیس کے مطابق ملزمان کو گرفتار کر کے مقدمہ درج کر لیا گیا ہے اور مز
بقیہ
54
انہوں نے کہا کہ عمران خان نے اپنی جماعت میں شامل ہونے والے کارکنوں سے خطاب کیا اور کہا کہ وقت آ گیا ہے کہ ملک کے عوام اپنے ووٹ کا صحیح استعمال کریں۔ پاکستان کی معیشت کو درپیش چیلنجز کے حوالے سے وزیر خزانہ نے کہا کہ حکومت اصلاحات کے ذریعے مسائل پر قابو پانے کی کوشش کر رہی ہے۔ الیکشن کمیشن نے انتخابات کے انعقاد کے لیے تمام انتظامات مکمل کر لیے ہیں اور پولنگ اسٹیشنز پر سیکیورٹی کے سخت انتظامات کیے گئے ہیں۔ عدالت نے درخواست پر سماعت کے بعد فیصلہ محفوظ کر لیا اور فریقین کو آئندہ سماعت پر پیش ہونے کی ہدایت کی۔ وزیر اعلیٰ نے کہا کہ صوبے میں ترقیاتی منصوبوں کو بروقت مکمل کیا جائے گا اور عوام کو بنیادی سہولیات فراہم کی جائیں گی۔ پولیس کے مطابق ملزمان کو گرفتار کر کے مقدمہ درج کر لیا گیا ہے اور مزید تفتیش جاری ہے۔ انہوں نے کہا کہ عمران خان نے اپنی جماعت میں شامل ہونے والے کارکنوں سے خطاب کیا اور کہا کہ وقت آ گیا ہے کہ ملک کے عوام اپنے ووٹ کا صحیح استعمال کریں۔ پاکستان
بقیہ
55
الیکشن کمیشن نے انتخابات کے انعقاد کے لیے تمام انتظامات مکمل کر لیے ہیں اور پولنگ اسٹیشنز پر سیکیورٹی کے سخت انتظامات کیے گئے ہیں۔ عدالت نے درخواست پر سماعت کے بعد فیصلہ محفوظ کر لیا اور فریقین کو آئندہ سماعت پر پیش ہونے کی ہدایت کی۔ وزیر اعلیٰ نے کہا کہ صوبے میں ترقیاتی منصوبوں کو بروقت مکمل کیا جائے گا اور عوام کو بنیادی سہولیات فراہم کی جائیں گی۔ پولیس کے مطابق ملزمان کو گرفتار کر کے مقدمہ درج کر لیا گیا ہے اور مزید تفتیش جاری ہے۔ انہوں نے کہا کہ عمران خان
پاکستان کی معیشت کو درپیش چیلنجز کے حوالے سے وزیر خزانہ نے کہا کہ حکومت اصلاحات کے ذریعے مسائل پر قابو پانے کی کوشش کر رہی ہے۔ الیکشن کمیشن نے انتخابات کے انعقاد کے لیے تمام انتظامات مکمل کر لیے ہیں اور پولنگ اسٹیشنز پر سیکیورٹی کے سخت انتظامات کیے گئے ہیں۔ عدالت نے درخواست پر سماعت کے بعد فیصلہ محفوظ کر لیا اور فریقین کو آئندہ سماعت پر پیش ہونے کی ہدایت کی۔ وزیر اعلیٰ نے کہا کہ صوبے میں ترقیاتی منصوبوں کو بروقت مکمل کیا جائے گا اور عوام کو بنیادی سہولیات فراہم کی جائیں گی۔ پولیس کے مطابق ملزمان کو گرفتار کر کے مقدمہ
بقیہ
56
انہوں نے کہا کہ عمران خان نے اپنی جماعت میں شامل ہونے والے کارکنوں سے خطاب کیا اور کہا کہ وقت آ گیا ہے کہ ملک کے عوام اپنے ووٹ کا صحیح استعمال کریں۔ پاکستان کی معیشت کو درپیش چیلنجز کے حوالے سے وزیر خزانہ نے کہا کہ حکومت اصلاحات کے ذریعے مسائل پر قابو پانے کی کوشش کر رہی ہے۔ الیکشن کمیشن نے انتخابات کے انعقاد کے لیے تمام انتظامات مکمل کر لیے ہیں اور پولنگ اسٹیشنز پر سیکیورٹی کے سخت انتظامات کیے گئے ہیں۔ عدالت نے درخواست پر سماعت کے بعد فیصلہ محفوظ کر لیا اور فریقین کو آئندہ سماعت پر پیش ہونے کی ہدایت کی۔ وزیر اعلیٰ نے کہا کہ صوبے میں ترقیاتی منصوبوں کو بروقت مکمل کیا جائے گا اور عوام کو بنیادی سہولیات فراہم کی جائیں گی۔ پولیس کے مطابق ملزمان کو گرفتار کر کے مقدمہ درج کر لیا گیا ہے اور مزید تفتیش جاری ہے۔ انہوں نے کہا کہ عمران خان نے اپنی جماعت میں شامل ہونے والے کارکنوں سے خطاب کیا اور کہا کہ وقت آ گیا ہے کہ ملک کے عوام اپنے ووٹ کا صحیح استعمال کریں۔ پاکستان کی معیشت کو درپیش چیلنجز کے حوالے سے وزیر خزانہ نے کہا کہ حکومت اصلاحات کے ذریعے مسائل پر قابو پانے کی کوشش کر رہی ہے۔ الیکشن کمیشن نے انتخابات کے انعقاد کے لیے تمام انتظاما
بقیہ
57
عدالت نے درخواست پر سماعت کے بعد فیصلہ محفوظ کر لیا اور فریقین کو آئندہ سماعت پر پیش ہونے کی ہدایت کی۔ وزیر اعلیٰ نے کہا کہ صوبے میں ترقیاتی منصوبوں کو بروقت مکمل کیا جائے گا اور عوام کو بنیادی سہولیات فراہم کی جائیں گی۔ پولیس کے مط
بقیہ
58
انہوں نے کہا کہ عمران خان نے اپنی جماعت میں شامل ہونے والے کارکنوں سے خطاب کیا اور کہا کہ وقت آ گیا ہے کہ ملک کے عوام اپنے ووٹ کا صحیح استعمال کریں۔ پاکستان کی معیشت کو درپیش چیلنجز کے حوالے سے وزیر خزانہ نے کہا کہ حکومت اصلاحات کے ذریعے مسائل پر قابو پانے کی کوشش کر رہی ہے۔ الیکشن کمیشن نے انتخابات کے انعقاد کے لیے تمام انتظامات مکمل کر لیے ہیں اور پولنگ اسٹیشنز پر سیکیورٹی کے سخت انتظامات کیے گئے ہیں۔ عدالت نے درخواست پر سماعت کے بعد فیصلہ محفوظ کر لیا اور فریقین کو آئندہ سماعت پر پیش ہونے کی ہدایت کی۔ وزیر اعلیٰ نے کہا کہ صوبے میں ترقیاتی منصوبوں کو بروقت مکمل کیا جائے گا اور عوام کو بنیادی سہولیات فراہم کی جائیں گی۔ پولیس کے مطابق ملزمان کو گرفتار کر کے مقدمہ درج کر لیا گیا ہے اور مزید تفتیش جاری ہے۔ انہوں نے کہا کہ عمران خان نے اپنی جماعت میں شامل ہونے والے کارکنوں سے خطاب کیا اور کہا کہ وقت آ گیا ہے کہ ملک کے عوام اپنے ووٹ کا صحیح استعمال کریں۔ پاکستان کی معیشت کو درپیش چیلنجز کے حوالے سے وزیر خزانہ نے کہا کہ
بقیہ
59
الیکشن کمیشن نے انتخابات کے انعقاد کے لیے تمام انتظامات مکمل کر لیے ہیں اور پولنگ اسٹیشنز پر سیکیورٹی کے سخت انتظامات کیے گئے ہیں۔ عدالت نے درخواست پر سماعت کے بعد فیصلہ محفوظ کر لیا اور فریقین کو آئندہ سماعت پر پیش ہونے کی ہدایت کی۔ وزیر اعلیٰ نے کہا کہ صوبے میں ترقیاتی منصوبوں کو بروقت مکمل کیا جائے گا اور عوام کو بنیادی سہولیات فراہم کی جائیں گی۔ پولیس کے مطابق ملزمان کو گرفتار کر کے مقدمہ درج کر لیا گیا ہے اور مزید تفتیش جاری ہے۔ انہوں نے کہا کہ عمران خان نے اپنی جماعت میں شامل ہونے والے کارکنوں سے خطاب کیا اور کہا کہ وقت آ گیا ہے کہ ملک کے عوام اپنے ووٹ کا صحیح استعمال کریں۔ پاکستان کی معیشت کو درپیش چیلنجز کے حوالے سے وزیر خزانہ نے کہا کہ حکومت اصلاحات کے ذریعے مسائل پر قابو پانے کی کوشش کر رہی ہے۔ الیکشن کمیشن نے انتخابات کے انعقاد کے لی
بقیہ
60
عدالت نے درخواست پر سماعت کے بعد فیصلہ محفوظ کر لیا اور فریقین کو آئندہ سماعت پر پیش ہونے کی ہدایت کی۔ وزیر اعلیٰ نے کہا کہ صوبے میں ترقیاتی منصوبوں کو بروقت مکمل کیا جائے گا اور عوام کو بنیادی سہولیات فراہم کی جائیں گی۔ پولیس کے مطابق ملزمان کو گرفتار کر کے مقدمہ درج کر لیا گیا ہے اور مزید تفتیش جاری ہے۔ انہوں نے کہا کہ عمران خان نے اپنی جماعت میں شامل ہونے والے کارکنوں سے خطاب کیا اور کہا کہ وقت آ گیا ہے کہ ملک کے عوام اپنے ووٹ کا صحیح استعمال کریں۔ پاکستان کی معیشت کو درپیش چیلنجز کے حوالے سے وزیر خزانہ نے کہا کہ حکومت اصلاحات کے ذریعے مسائل پر قابو پانے کی کوشش کر رہی ہے۔ الیکشن کمیشن نے انتخابات کے انعقاد کے لیے تمام انتظامات مکمل کر لیے ہیں اور پولنگ اسٹیشنز پر سیکیورٹی کے سخت انتظامات کیے گئے ہیں۔ عدالت نے درخواست پر سماعت کے بعد فیصلہ محفوظ کر لیا اور فریقین کو آئندہ سماعت پر پیش ہونے کی ہدایت کی۔ وزیر اعلیٰ نے کہا کہ صوبے میں ترقیاتی منصوبوں کو بروقت مکمل کیا جائے گا اور عوام کو بنیادی سہولیات فراہم کی جائیں گی۔ پولیس کے مطابق ملزمان کو گرفتار کر کے مقدمہ درج کر لیا گیا ہے اور مزید تفتیش جاری ہے۔ انہوں نے کہا کہ عمران خان نے اپنی جماعت میں شامل ہونے والے کارکنوں سے خطاب کیا اور کہا کہ وقت آ گیا ہے کہ ملک کے عوام اپنے ووٹ کا صحیح استعمال کریں۔ پاکستان کی معیشت کو درپیش چیلنجز کے حوالے سے وزیر خزانہ نے کہا کہ حکومت اصلاحات کے ذریعے مسائل پر قابو پان
بقیہ
61
الیکشن کمیشن نے انتخابات کے انعقاد کے لیے تمام انتظامات مکمل کر لیے ہیں اور پولنگ اسٹیشنز پر سیکیورٹی کے سخت انتظامات کیے گئے ہیں۔ عدالت نے درخواست پر سماعت کے بعد فیصلہ محفوظ کر لیا اور فریقین کو آئندہ سماعت پر پیش ہونے کی ہدایت کی۔ وزیر اعلیٰ نے کہا کہ صوبے میں ترقیاتی منصوبوں کو بروقت مکمل کیا جائے گا اور عوام کو بنیادی سہولیات فراہم کی جائیں گی۔ پولیس کے مطابق ملزمان کو گرفتار کر کے مقدمہ درج کر لیا گیا ہے اور مزید تفتیش جاری ہے۔ انہوں نے کہا کہ عمران خان نے اپنی جماعت میں شامل ہونے والے کارکنوں سے خطاب کیا اور کہا کہ وقت آ گیا ہے کہ ملک کے عوام اپنے ووٹ کا صحیح استعمال کریں۔ پاکستان کی معیشت کو درپیش چیلنجز کے حوالے سے وزیر خزانہ نے کہا کہ حکومت اصلاحات کے ذریعے مسائل پر قابو پانے کی کوشش کر رہی ہے۔ الیکشن کمیشن نے انتخابات کے انعقاد کے لیے تمام انتظامات مکمل کر لیے ہیں اور پولنگ اسٹیشنز پر سیکیورٹی کے سخت انتظامات کیے گئے ہیں۔ عدالت نے درخواست پر سماعت کے بعد فیصلہ محفوظ کر لیا اور فریقین کو آئندہ سماعت پر پیش ہونے کی ہدایت کی۔ وزیر اعلیٰ نے کہا کہ صوبے میں ترقیاتی
بقیہ
62
پولیس کے مطابق ملزمان کو گرفتار کر کے مقدمہ درج کر لیا گیا ہے اور مزید تفتیش جاری ہے۔ انہوں نے کہا کہ عمران خان نے اپنی جماعت میں شامل ہونے والے کارکنوں سے خطاب کیا اور کہا کہ وقت آ گیا ہے کہ ملک کے عوام اپنے ووٹ کا صحیح استعمال کریں۔ پاکستان کی معیشت کو درپیش چیلنجز کے حوالے سے وزیر خزانہ نے کہا کہ حکومت اصلاحات کے ذریعے مسائل پر قابو پانے کی کوشش کر رہی ہے۔ الیکشن کمیشن نے انتخابات کے انعقاد کے لیے تمام انتظامات مکمل کر لیے ہیں اور پولنگ اسٹیشنز پر سیکیورٹی کے سخت انتظامات کیے گئے ہیں۔ عدالت نے درخواست پر سماعت کے بعد فیصلہ محفوظ کر لیا اور فریقین کو آئندہ سماعت پر پیش ہو
بقیہ
63
وزیر اعلیٰ نے کہا کہ صوبے میں ترقیاتی منصوبوں کو بروقت مکمل کیا جائے گا اور عوام کو بنیادی سہولیات فراہم کی جائیں گی۔ پولیس کے مطابق ملزمان کو گرفتار کر کے مقدمہ درج کر لیا گیا ہے اور مزید تفتیش جاری ہے۔ انہوں نے کہا کہ عمران خان نے اپنی جماعت میں شامل ہونے والے کارکنوں سے خطاب کیا اور کہا کہ وقت آ گیا ہے کہ ملک کے عوام اپنے ووٹ کا صحیح استعمال کریں۔ پاکستان کی معیشت کو درپیش چیلنجز کے حوالے سے وزیر خزانہ نے کہا کہ حکومت اصلاحات کے ذریعے مسائل پر قابو پانے کی کوشش کر رہی ہے۔ الیکشن کمیشن نے انتخابات کے انعقاد کے لیے تمام انتظامات مکمل کر لیے ہیں اور پولنگ اسٹیشنز پر سیکیورٹ
